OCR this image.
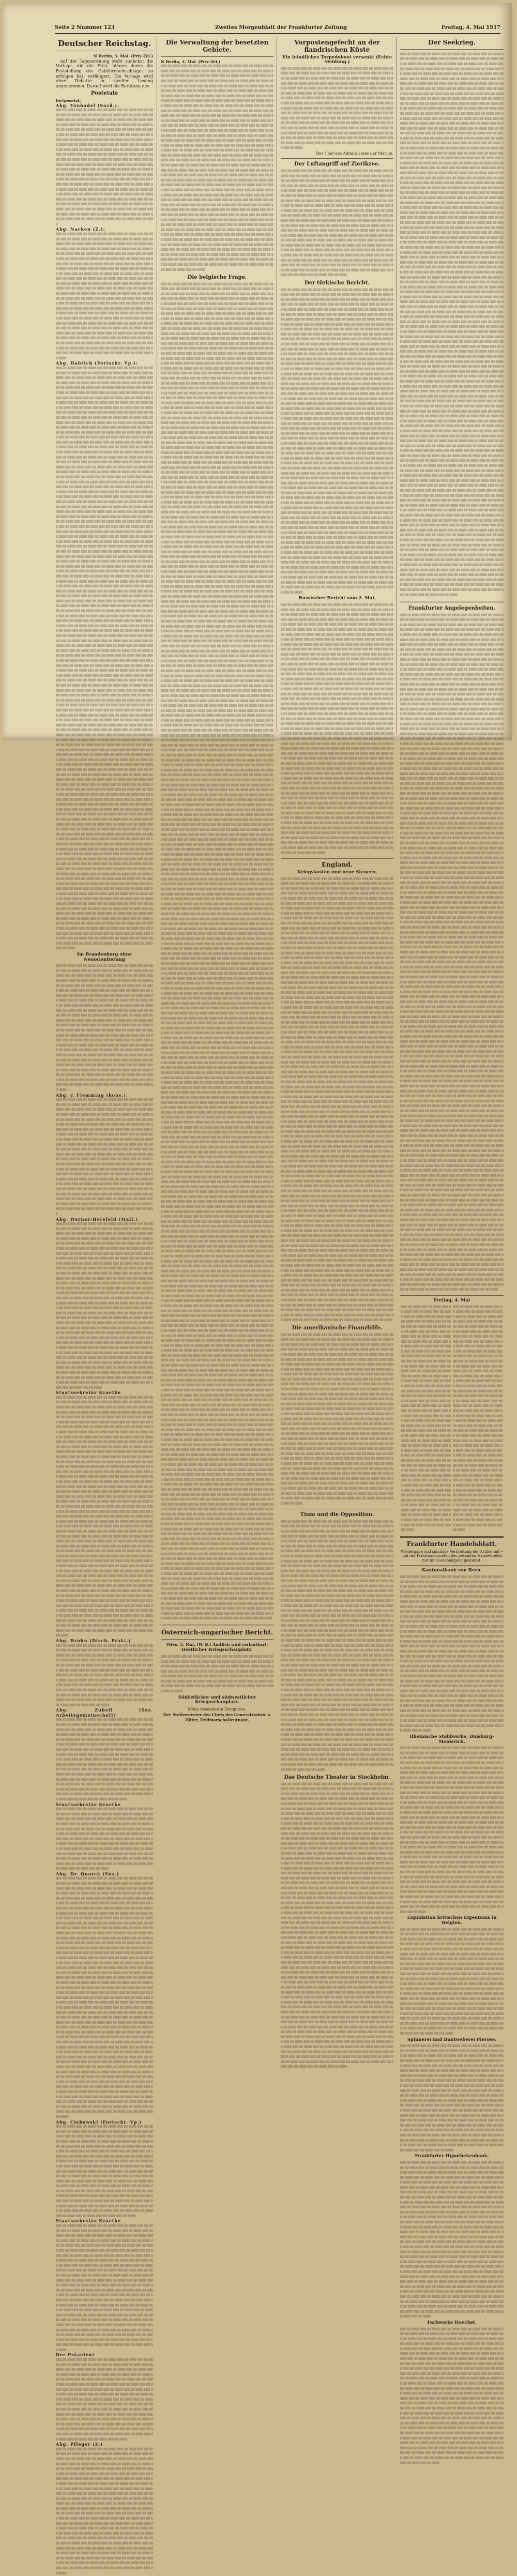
Seite 2 Nummer 123	Zweites Morgenblatt der Frankfurter Zeitung	Freitag, 4. Mai 1917
Deutscher Reichstag.
N Berlin, 3. Mai. (Priv.-Tel.)

Auf der Tagesordnung steht zunächst die Vorlage, die die Frist, binnen deren die Feststellung des Gebühreneinschlages zu erfolgen hat, verlängert. Die Vorlage wird ohne Debatte in zweiter Lesung angenommen. Darauf wird die Beratung des

Postetats
fortgesetzt.
Abg. Taubadel (Sozd.):
███ ██ ████ ███ ██ ████ ███ ██ ████ ███ ██ ████ ███ ██ ████ ███ ██ ████ ███ ██ ████ ███ ██ ████ ███ ██ ████ ███ ██ ████ ███ ██ ████ ███ ██ ████ ███ ██ ████ ███ ██ ████ ███ ██ ████ ███ ██ ████ ███ ██ ████ ███ ██ ████ ███ ██ ████ ███ ██ ████ ███ ██ ████ ███ ██ ████ ███ ██ ████ ███ ██ ████ ███ ██ ████ ███ ██ ████ ███ ██ ████ ███ ██ ████ ███ ██ ████ ███ ██ ████ ███ ██ ████ ███ ██ ████ ███ ██ ████ ███ ██ ████ ███ ██ ████ ███ ██ ████ ███ ██ ████ ███ ██ ████ ███ ██ ████ ███ ██ ████ ███ ██ ████ ███ ██ ████ ███ ██ ████ ███ ██ ████ ███ ██ ████ ███ ██ ████ ███ ██ ████ ███ ██ ████ ███ ██ ████ ███ ██ ████ ███ ██ ████ ███ ██ ████ ███ ██ ████ ███ ██ ████ ███ ██ ████ ███ ██ ████ ███ ██ ████ ███ ██ ████ ███ ██ ████ ███ ██ ████ ███ ██ ████ ███ ██ ████ ███ ██ ████ ███ ██ ████ ███ ██ ████ ███ ██ ████ ███ ██ ████ ███ ██ ████ ███ ██ ████ ███ ██ ████ ███ ██ ████ ███ ██ ████ ███ ██ ████ ███ ██ ████ ███ ██ ████ ███ ██ ████ ███ ██ ████ ███ ██ ████ ███ ██ ████ ███ ██ ████ ███ ██ ████ ███ ██ ████ ███ ██ ████ ███ ██ ████ ███ ██ ████ ███ ██ ████ ███ ██ ████ ███ ██ ████ ███ ██ ████ ███ ██ ████ ███ ██ ████ ███ ██ ████ ███ ██ ████ ███ ██ ████ ███ ██ ████ ███ ██ ████ ███ ██ ████ ███ ██ ████ ███ ██ ████ ███ ██ ████ ███ ██ ████ ███ ██ ████ ███ ██ ████ ███ ██ ████ ███ ██ ████ ███ ██ ████ ███ ██ ████ ███ ██ ████ ███ ██ ████ ███ ██ ████
Abg. Nacken (Z.):
███ ██ ████ ███ ██ ████ ███ ██ ████ ███ ██ ████ ███ ██ ████ ███ ██ ████ ███ ██ ████ ███ ██ ████ ███ ██ ████ ███ ██ ████ ███ ██ ████ ███ ██ ████ ███ ██ ████ ███ ██ ████ ███ ██ ████ ███ ██ ████ ███ ██ ████ ███ ██ ████ ███ ██ ████ ███ ██ ████ ███ ██ ████ ███ ██ ████ ███ ██ ████ ███ ██ ████ ███ ██ ████ ███ ██ ████ ███ ██ ████ ███ ██ ████ ███ ██ ████ ███ ██ ████ ███ ██ ████ ███ ██ ████ ███ ██ ████ ███ ██ ████ ███ ██ ████ ███ ██ ████ ███ ██ ████ ███ ██ ████ ███ ██ ████ ███ ██ ████ ███ ██ ████ ███ ██ ████ ███ ██ ████ ███ ██ ████ ███ ██ ████ ███ ██ ████ ███ ██ ████ ███ ██ ████ ███ ██ ████ ███ ██ ████ ███ ██ ████ ███ ██ ████ ███ ██ ████ ███ ██ ████ ███ ██ ████ ███ ██ ████ ███ ██ ████ ███ ██ ████ ███ ██ ████ ███ ██ ████ ███ ██ ████ ███ ██ ████ ███ ██ ████ ███ ██ ████ ███ ██ ████ ███ ██ ████ ███ ██ ████ ███ ██ ████ ███ ██ ████ ███ ██ ████ ███ ██ ████ ███ ██ ████ ███ ██ ████ ███ ██ ████ ███ ██ ████ ███ ██ ████ ███ ██ ████ ███ ██ ████ ███ ██ ████ ███ ██ ████ ███ ██ ████ ███ ██ ████ ███ ██ ████ ███ ██ ████ ███ ██ ████ ███ ██ ████ ███ ██ ████ ███ ██ ████ ███ ██ ████ ███ ██ ████ ███ ██ ████ ███ ██ ████ ███ ██ ████ ███ ██ ████ ███ ██ ████ ███ ██ ████ ███ ██ ████ ███ ██ ████ ███ ██ ████ ███ ██ ████ ███ ██ ████ ███ ██ ████ ███ ██ ████ ███ ██ ████ ███ ██ ████ ███ ██ ████ ███ ██ ████ ███ ██ ████ ███ ██ ████ ███ ██ ████ ███ ██ ████ ███ ██ ████ ███ ██ ████ ███ ██ ████ ███ ██ ████ ███ ██ ████ ███ ██ ████ ███ ██ ████ ███ ██ ████ ███ ██ ████
Abg. Habrich (Fortschr. Vp.):
███ ██ ████ ███ ██ ████ ███ ██ ████ ███ ██ ████ ███ ██ ████ ███ ██ ████ ███ ██ ████ ███ ██ ████ ███ ██ ████ ███ ██ ████ ███ ██ ████ ███ ██ ████ ███ ██ ████ ███ ██ ████ ███ ██ ████ ███ ██ ████ ███ ██ ████ ███ ██ ████ ███ ██ ████ ███ ██ ████ ███ ██ ████ ███ ██ ████ ███ ██ ████ ███ ██ ████ ███ ██ ████ ███ ██ ████ ███ ██ ████ ███ ██ ████ ███ ██ ████ ███ ██ ████ ███ ██ ████ ███ ██ ████ ███ ██ ████ ███ ██ ████ ███ ██ ████ ███ ██ ████ ███ ██ ████ ███ ██ ████ ███ ██ ████ ███ ██ ████ ███ ██ ████ ███ ██ ████ ███ ██ ████ ███ ██ ████ ███ ██ ████ ███ ██ ████ ███ ██ ████ ███ ██ ████ ███ ██ ████ ███ ██ ████ ███ ██ ████ ███ ██ ████ ███ ██ ████ ███ ██ ████ ███ ██ ████ ███ ██ ████ ███ ██ ████ ███ ██ ████ ███ ██ ████ ███ ██ ████ ███ ██ ████ ███ ██ ████ ███ ██ ████ ███ ██ ████ ███ ██ ████ ███ ██ ████ ███ ██ ████ ███ ██ ████ ███ ██ ████ ███ ██ ████ ███ ██ ████ ███ ██ ████ ███ ██ ████ ███ ██ ████ ███ ██ ████ ███ ██ ████ ███ ██ ████ ███ ██ ████ ███ ██ ████ ███ ██ ████ ███ ██ ████ ███ ██ ████ ███ ██ ████ ███ ██ ████ ███ ██ ████ ███ ██ ████ ███ ██ ████ ███ ██ ████ ███ ██ ████ ███ ██ ████ ███ ██ ████ ███ ██ ████ ███ ██ ████ ███ ██ ████ ███ ██ ████ ███ ██ ████ ███ ██ ████ ███ ██ ████ ███ ██ ████ ███ ██ ████ ███ ██ ████ ███ ██ ████ ███ ██ ████ ███ ██ ████ ███ ██ ████ ███ ██ ████ ███ ██ ████ ███ ██ ████ ███ ██ ████ ███ ██ ████ ███ ██ ████ ███ ██ ████ ███ ██ ████ ███ ██ ████ ███ ██ ████ ███ ██ ████ ███ ██ ████ ███ ██ ████ ███ ██ ████ ███ ██ ████ ███ ██ ████ ███ ██ ████ ███ ██ ████ ███ ██ ████ ███ ██ ████ ███ ██ ████ ███ ██ ████ ███ ██ ████ ███ ██ ████ ███ ██ ████ ███ ██ ████ ███ ██ ████ ███ ██ ████ ███ ██ ████ ███ ██ ████ ███ ██ ████ ███ ██ ████ ███ ██ ████ ███ ██ ████ ███ ██ ████ ███ ██ ████ ███ ██ ████ ███ ██ ████ ███ ██ ████ ███ ██ ████ ███ ██ ████ ███ ██ ████ ███ ██ ████ ███ ██ ████ ███ ██ ████ ███ ██ ████ ███ ██ ████ ███ ██ ████ ███ ██ ████ ███ ██ ████ ███ ██ ████ ███ ██ ████ ███ ██ ████ ███ ██ ████ ███ ██ ████ ███ ██ ████ ███ ██ ████ ███ ██ ████ ███ ██ ████ ███ ██ ████ ███ ██ ████ ███ ██ ████ ███ ██ ████ ███ ██ ████ ███ ██ ████ ███ ██ ████ ███ ██ ████ ███ ██ ████ ███ ██ ████ ███ ██ ████ ███ ██ ████ ███ ██ ████ ███ ██ ████ ███ ██ ████ ███ ██ ████ ███ ██ ████ ███ ██ ████ ███ ██ ████ ███ ██ ████ ███ ██ ████ ███ ██ ████ ███ ██ ████ ███ ██ ████ ███ ██ ████ ███ ██ ████ ███ ██ ████ ███ ██ ████ ███ ██ ████ ███ ██ ████ ███ ██ ████ ███ ██ ████ ███ ██ ████ ███ ██ ████ ███ ██ ████ ███ ██ ████ ███ ██ ████ ███ ██ ████ ███ ██ ████ ███ ██ ████ ███ ██ ████ ███ ██ ████ ███ ██ ████ ███ ██ ████ ███ ██ ████ ███ ██ ████ ███ ██ ████ ███ ██ ████ ███ ██ ████ ███ ██ ████ ███ ██ ████ ███ ██ ████ ███ ██ ████ ███ ██ ████ ███ ██ ████ ███ ██ ████ ███ ██ ████ ███ ██ ████ ███ ██ ████ ███ ██ ████ ███ ██ ████ ███ ██ ████ ███ ██ ████ ███ ██ ████ ███ ██ ████ ███ ██ ████ ███ ██ ████ ███ ██ ████ ███ ██ ████ ███ ██ ████ ███ ██ ████ ███ ██ ████ ███ ██ ████ ███ ██ ████ ███ ██ ████ ███ ██ ████ ███ ██ ████ ███ ██ ████ ███ ██ ████ ███ ██ ████ ███ ██ ████ ███ ██ ████ ███ ██ ████ ███ ██ ████ ███ ██ ████ ███ ██ ████ ███ ██ ████ ███ ██ ████ ███ ██ ████ ███ ██ ████ ███ ██ ████ ███ ██ ████ ███ ██ ████ ███ ██ ████ ███ ██ ████ ███ ██ ████ ███ ██ ████ ███ ██ ████ ███ ██ ████ ███ ██ ████ ███ ██ ████ ███ ██ ████ ███ ██ ████ ███ ██ ████ ███ ██ ████ ███ ██ ████ ███ ██ ████ ███ ██ ████ ███ ██ ████ ███ ██ ████ ███ ██ ████ ███ ██ ████ ███ ██ ████ ███ ██ ████ ███ ██ ████ ███ ██ ████ ███ ██ ████ ███ ██ ████ ███ ██ ████ ███ ██ ████ ███ ██ ████ ███ ██ ████ ███ ██ ████ ███ ██ ████ ███ ██ ████ ███ ██ ████ ███ ██ ████ ███ ██ ████ ███ ██ ████ ███ ██ ████ ███ ██ ████ ███ ██ ████ ███ ██ ████ ███ ██ ████ ███ ██ ████ ███ ██ ████ ███ ██ ████ ███ ██ ████ ███ ██ ████ ███ ██ ████ ███ ██ ████ ███ ██ ████ ███ ██ ████ ███ ██ ████ ███ ██ ████ ███ ██ ████ ███ ██ ████ ███ ██ ████ ███ ██ ████ ███ ██ ████ ███ ██ ████ ███ ██ ████ ███ ██ ████ ███ ██ ████ ███ ██ ████ ███ ██ ████ ███ ██ ████ ███ ██ ████ ███ ██ ████ ███ ██ ████ ███ ██ ████ ███ ██ ████ ███ ██ ████ ███ ██ ████ ███ ██ ████ ███ ██ ████ ███ ██ ████ ███ ██ ████ ███ ██ ████ ███ ██ ████ ███ ██ ████ ███ ██ ████ ███ ██ ████ ███ ██ ████ ███ ██ ████ ███ ██ ████ ███ ██ ████ ███ ██ ████ ███ ██ ████ ███ ██ ████ ███ ██ ████ ███ ██ ████ ███ ██ ████ ███ ██ ████ ███ ██ ████ ███ ██ ████ ███ ██ ████ ███ ██ ████ ███ ██ ████ ███ ██ ████ ███ ██ ████ ███ ██ ████ ███ ██ ████ ███ ██ ████ ███ ██ ████ ███ ██ ████ ███ ██ ████ ███ ██ ████ ███ ██ ████ ███ ██ ████ ███ ██ ████ ███ ██ ████ ███ ██ ████ ███ ██ ████ ███ ██ ████ ███ ██ ████ ███ ██ ████ ███ ██ ████ ███ ██ ████ ███ ██ ████ ███ ██ ████ ███ ██ ████ ███ ██ ████ ███ ██ ████ ███ ██ ████ ███ ██ ████ ███ ██ ████ ███ ██ ████ ███ ██ ████ ███ ██ ████ ███ ██ ████ ███ ██ ████ ███ ██ ████ ███ ██ ████ ███ ██ ████ ███ ██ ████ ███ ██ ████ ███ ██ ████ ███ ██ ████ ███ ██ ████ ███ ██ ████ ███ ██ ████ ███ ██ ████ ███ ██ ████ ███ ██ ████ ███ ██ ████ ███ ██ ████ ███ ██ ████ ███ ██ ████ ███ ██ ████ ███ ██ ████ ███ ██ ████ ███ ██ ████ ███ ██ ████ ███ ██ ████ ███ ██ ████ ███ ██ ████ ███ ██ ████ ███ ██ ████ ███ ██ ████ ███ ██ ████ ███ ██ ████ ███ ██ ████ ███ ██ ████ ███ ██ ████ ███ ██ ████ ███ ██ ████ ███ ██ ████ ███ ██ ████ ███ ██ ████ ███ ██ ████ ███ ██ ████ ███ ██ ████ ███ ██ ████ ███ ██ ████ ███ ██ ████ ███ ██ ████ ███ ██ ████ ███ ██ ████ ███ ██ ████ ███ ██ ████ ███ ██ ████ ███ ██ ████ ███ ██ ████ ███ ██ ████ ███ ██ ████ ███ ██ ████ ███ ██ ████ ███ ██ ████ ███ ██ ████ ███ ██ ████ ███ ██ ████ ███ ██ ████ ███ ██ ████ ███ ██ ████ ███ ██ ████ ███ ██ ████ ███ ██ ████ ███ ██ ████ ███ ██ ████ ███ ██ ████ ███ ██ ████ ███ ██ ████ ███ ██ ████ ███ ██ ████ ███ ██ ████ ███ ██ ████ ███ ██ ████ ███ ██ ████ ███ ██ ████ ███ ██ ████ ███ ██ ████ ███ ██ ████ ███ ██ ████ ███ ██ ████ ███ ██ ████ ███ ██ ████ ███ ██ ████ ███ ██ ████ ███ ██ ████ ███ ██ ████ ███ ██ ████ ███ ██ ████ ███ ██ ████ ███ ██ ████ ███ ██ ████ ███ ██ ████ ███ ██ ████ ███ ██ ████ ███ ██ ████ ███ ██ ████ ███ ██ ████ ███ ██ ████ ███ ██ ████ ███ ██ ████ ███ ██ ████ ███ ██ ████ ███ ██ ████ ███ ██ ████ ███ ██ ████ ███ ██ ████ ███ ██ ████ ███ ██ ████ ███ ██ ████ ███ ██ ████ ███ ██ ████ ███ ██ ████ ███ ██ ████ ███ ██ ████ ███ ██ ████ ███ ██ ████ ███ ██ ████ ███ ██ ████ ███ ██ ████ ███ ██ ████ ███ ██ ████ ███ ██ ████ ███ ██ ████ ███ ██ ████ ███ ██ ████ ███ ██ ████ ███ ██ ████ ███ ██ ████ ███ ██ ████ ███ ██ ████ ███ ██ ████ ███ ██ ████ ███ ██ ████ ███ ██ ████ ███ ██ ████ ███ ██ ████ ███ ██ ████ ███ ██ ████ ███ ██ ████ ███ ██ ████ ███ ██ ████ ███ ██ ████ ███ ██ ████ ███ ██ ████ ███ ██ ████ ███ ██ ████ ███ ██ ████ ███ ██ ████ ███ ██ ████ ███ ██ ████ ███ ██ ████ ███ ██ ████ ███ ██ ████ ███ ██ ████ ███ ██ ████ ███ ██ ████ ███ ██ ████ ███ ██ ████ ███ ██ ████ ███ ██ ████ ███ ██ ████ ███ ██ ████ ███ ██ ████ ███ ██ ████ ███ ██ ████ ███ ██ ████ ███ ██ ████ ███ ██ ████ ███ ██ ████ ███ ██ ████ ███ ██ ████
Im Brandenburg ohne Neuorientierung
███ ██ ████ ███ ██ ████ ███ ██ ████ ███ ██ ████ ███ ██ ████ ███ ██ ████ ███ ██ ████ ███ ██ ████ ███ ██ ████ ███ ██ ████ ███ ██ ████ ███ ██ ████ ███ ██ ████ ███ ██ ████ ███ ██ ████ ███ ██ ████ ███ ██ ████ ███ ██ ████ ███ ██ ████ ███ ██ ████ ███ ██ ████ ███ ██ ████ ███ ██ ████ ███ ██ ████ ███ ██ ████ ███ ██ ████ ███ ██ ████ ███ ██ ████ ███ ██ ████ ███ ██ ████ ███ ██ ████ ███ ██ ████ ███ ██ ████ ███ ██ ████ ███ ██ ████ ███ ██ ████ ███ ██ ████ ███ ██ ████ ███ ██ ████ ███ ██ ████ ███ ██ ████ ███ ██ ████ ███ ██ ████ ███ ██ ████ ███ ██ ████ ███ ██ ████ ███ ██ ████ ███ ██ ████ ███ ██ ████ ███ ██ ████ ███ ██ ████ ███ ██ ████ ███ ██ ████ ███ ██ ████ ███ ██ ████ ███ ██ ████ ███ ██ ████ ███ ██ ████ ███ ██ ████ ███ ██ ████ ███ ██ ████ ███ ██ ████ ███ ██ ████ ███ ██ ████ ███ ██ ████ ███ ██ ████ ███ ██ ████ ███ ██ ████ ███ ██ ████ ███ ██ ████ ███ ██ ████ ███ ██ ████ ███ ██ ████ ███ ██ ████ ███ ██ ████ ███ ██ ████ ███ ██ ████ ███ ██ ████ ███ ██ ████ ███ ██ ████ ███ ██ ████ ███ ██ ████ ███ ██ ████ ███ ██ ████ ███ ██ ████ ███ ██ ████ ███ ██ ████ ███ ██ ████ ███ ██ ████ ███ ██ ████ ███ ██ ████ ███ ██ ████ ███ ██ ████ ███ ██ ████ ███ ██ ████ ███ ██ ████ ███ ██ ████ ███ ██ ████ ███ ██ ████ ███ ██ ████ ███ ██ ████ ███ ██ ████ ███ ██ ████ ███ ██ ████ ███ ██ ████ ███ ██ ████ ███ ██ ████ ███ ██ ████ ███ ██ ████ ███ ██ ████ ███ ██ ████ ███ ██ ████ ███ ██ ████ ███ ██ ████ ███ ██ ████ ███ ██ ████ ███ ██ ████ ███ ██ ████ ███ ██ ████ ███ ██ ████
Abg. v. Flemming (kons.):
███ ██ ████ ███ ██ ████ ███ ██ ████ ███ ██ ████ ███ ██ ████ ███ ██ ████ ███ ██ ████ ███ ██ ████ ███ ██ ████ ███ ██ ████ ███ ██ ████ ███ ██ ████ ███ ██ ████ ███ ██ ████ ███ ██ ████ ███ ██ ████ ███ ██ ████ ███ ██ ████ ███ ██ ████ ███ ██ ████ ███ ██ ████ ███ ██ ████ ███ ██ ████ ███ ██ ████ ███ ██ ████ ███ ██ ████ ███ ██ ████ ███ ██ ████ ███ ██ ████ ███ ██ ████ ███ ██ ████ ███ ██ ████ ███ ██ ████ ███ ██ ████ ███ ██ ████ ███ ██ ████ ███ ██ ████ ███ ██ ████ ███ ██ ████ ███ ██ ████ ███ ██ ████ ███ ██ ████ ███ ██ ████ ███ ██ ████ ███ ██ ████ ███ ██ ████ ███ ██ ████ ███ ██ ████ ███ ██ ████ ███ ██ ████ ███ ██ ████ ███ ██ ████ ███ ██ ████ ███ ██ ████ ███ ██ ████ ███ ██ ████ ███ ██ ████ ███ ██ ████ ███ ██ ████ ███ ██ ████ ███ ██ ████ ███ ██ ████ ███ ██ ████ ███ ██ ████ ███ ██ ████ ███ ██ ████ ███ ██ ████ ███ ██ ████ ███ ██ ████ ███ ██ ████ ███ ██ ████ ███ ██ ████ ███ ██ ████ ███ ██ ████ ███ ██ ████ ███ ██ ████ ███ ██ ████ ███ ██ ████ ███ ██ ████ ███ ██ ████ ███ ██ ████ ███ ██ ████ ███ ██ ████ ███ ██ ████ ███ ██ ████ ███ ██ ████ ███ ██ ████ ███ ██ ████ ███ ██ ████ ███ ██ ████ ███ ██ ████ ███ ██ ████ ███ ██ ████ ███ ██ ████ ███ ██ ████ ███ ██ ████ ███ ██ ████ ███ ██ ████ ███ ██ ████ ███ ██ ████ ███ ██ ████ ███ ██ ████ ███ ██ ████ ███ ██ ████ ███ ██ ████ ███ ██ ████ ███ ██ ████ ███ ██ ████ ███ ██ ████ ███ ██ ████
Abg. Werner-Hersfeld (Mall.)
███ ██ ████ ███ ██ ████ ███ ██ ████ ███ ██ ████ ███ ██ ████ ███ ██ ████ ███ ██ ████ ███ ██ ████ ███ ██ ████ ███ ██ ████ ███ ██ ████ ███ ██ ████ ███ ██ ████ ███ ██ ████ ███ ██ ████ ███ ██ ████ ███ ██ ████ ███ ██ ████ ███ ██ ████ ███ ██ ████ ███ ██ ████ ███ ██ ████ ███ ██ ████ ███ ██ ████ ███ ██ ████ ███ ██ ████ ███ ██ ████ ███ ██ ████ ███ ██ ████ ███ ██ ████ ███ ██ ████ ███ ██ ████ ███ ██ ████ ███ ██ ████ ███ ██ ████ ███ ██ ████ ███ ██ ████ ███ ██ ████ ███ ██ ████ ███ ██ ████ ███ ██ ████ ███ ██ ████ ███ ██ ████ ███ ██ ████ ███ ██ ████ ███ ██ ████ ███ ██ ████ ███ ██ ████ ███ ██ ████ ███ ██ ████ ███ ██ ████ ███ ██ ████ ███ ██ ████ ███ ██ ████ ███ ██ ████ ███ ██ ████ ███ ██ ████ ███ ██ ████ ███ ██ ████ ███ ██ ████ ███ ██ ████ ███ ██ ████ ███ ██ ████ ███ ██ ████ ███ ██ ████ ███ ██ ████ ███ ██ ████ ███ ██ ████ ███ ██ ████ ███ ██ ████ ███ ██ ████ ███ ██ ████ ███ ██ ████ ███ ██ ████ ███ ██ ████ ███ ██ ████ ███ ██ ████ ███ ██ ████ ███ ██ ████ ███ ██ ████ ███ ██ ████ ███ ██ ████ ███ ██ ████ ███ ██ ████ ███ ██ ████ ███ ██ ████ ███ ██ ████ ███ ██ ████ ███ ██ ████ ███ ██ ████ ███ ██ ████ ███ ██ ████ ███ ██ ████ ███ ██ ████ ███ ██ ████ ███ ██ ████ ███ ██ ████ ███ ██ ████ ███ ██ ████ ███ ██ ████ ███ ██ ████ ███ ██ ████ ███ ██ ████ ███ ██ ████ ███ ██ ████ ███ ██ ████ ███ ██ ████ ███ ██ ████ ███ ██ ████ ███ ██ ████ ███ ██ ████ ███ ██ ████ ███ ██ ████ ███ ██ ████ ███ ██ ████ ███ ██ ████ ███ ██ ████ ███ ██ ████ ███ ██ ████ ███ ██ ████ ███ ██ ████ ███ ██ ████ ███ ██ ████ ███ ██ ████ ███ ██ ████ ███ ██ ████ ███ ██ ████ ███ ██ ████ ███ ██ ████ ███ ██ ████ ███ ██ ████ ███ ██ ████ ███ ██ ████ ███ ██ ████ ███ ██ ████ ███ ██ ████ ███ ██ ████ ███ ██ ████ ███ ██ ████ ███ ██ ████ ███ ██ ████ ███ ██ ████ ███ ██ ████ ███ ██ ████ ███ ██ ████ ███ ██ ████ ███ ██ ████ ███ ██ ████ ███ ██ ████ ███ ██ ████ ███ ██ ████ ███ ██ ████ ███ ██ ████ ███ ██ ████ ███ ██ ████ ███ ██ ████ ███ ██ ████ ███ ██ ████ ███ ██ ████ ███ ██ ████
Staatssekretär Kraetke
███ ██ ████ ███ ██ ████ ███ ██ ████ ███ ██ ████ ███ ██ ████ ███ ██ ████ ███ ██ ████ ███ ██ ████ ███ ██ ████ ███ ██ ████ ███ ██ ████ ███ ██ ████ ███ ██ ████ ███ ██ ████ ███ ██ ████ ███ ██ ████ ███ ██ ████ ███ ██ ████ ███ ██ ████ ███ ██ ████ ███ ██ ████ ███ ██ ████ ███ ██ ████ ███ ██ ████ ███ ██ ████ ███ ██ ████ ███ ██ ████ ███ ██ ████ ███ ██ ████ ███ ██ ████ ███ ██ ████ ███ ██ ████ ███ ██ ████ ███ ██ ████ ███ ██ ████ ███ ██ ████ ███ ██ ████ ███ ██ ████ ███ ██ ████ ███ ██ ████ ███ ██ ████ ███ ██ ████ ███ ██ ████ ███ ██ ████ ███ ██ ████ ███ ██ ████ ███ ██ ████ ███ ██ ████ ███ ██ ████ ███ ██ ████ ███ ██ ████ ███ ██ ████ ███ ██ ████ ███ ██ ████ ███ ██ ████ ███ ██ ████ ███ ██ ████ ███ ██ ████ ███ ██ ████ ███ ██ ████ ███ ██ ████ ███ ██ ████ ███ ██ ████ ███ ██ ████ ███ ██ ████ ███ ██ ████ ███ ██ ████ ███ ██ ████ ███ ██ ████ ███ ██ ████ ███ ██ ████ ███ ██ ████ ███ ██ ████ ███ ██ ████ ███ ██ ████ ███ ██ ████ ███ ██ ████ ███ ██ ████ ███ ██ ████ ███ ██ ████ ███ ██ ████ ███ ██ ████ ███ ██ ████ ███ ██ ████ ███ ██ ████ ███ ██ ████ ███ ██ ████ ███ ██ ████ ███ ██ ████ ███ ██ ████ ███ ██ ████ ███ ██ ████ ███ ██ ████ ███ ██ ████ ███ ██ ████ ███ ██ ████ ███ ██ ████ ███ ██ ████ ███ ██ ████ ███ ██ ████ ███ ██ ████ ███ ██ ████ ███ ██ ████ ███ ██ ████ ███ ██ ████ ███ ██ ████ ███ ██ ████ ███ ██ ████ ███ ██ ████ ███ ██ ████ ███ ██ ████ ███ ██ ████ ███ ██ ████ ███ ██ ████ ███ ██ ████ ███ ██ ████ ███ ██ ████ ███ ██ ████ ███ ██ ████ ███ ██ ████ ███ ██ ████ ███ ██ ████ ███ ██ ████ ███ ██ ████ ███ ██ ████ ███ ██ ████ ███ ██ ████ ███ ██ ████ ███ ██ ████ ███ ██ ████ ███ ██ ████ ███ ██ ████ ███ ██ ████ ███ ██ ████ ███ ██ ████ ███ ██ ████ ███ ██ ████ ███ ██ ████ ███ ██ ████ ███ ██ ████ ███ ██ ████ ███ ██ ████ ███ ██ ████ ███ ██ ████ ███ ██ ████ ███ ██ ████ ███ ██ ████ ███ ██ ████ ███ ██ ████ ███ ██ ████ ███ ██ ████ ███ ██ ████ ███ ██ ████ ███ ██ ████ ███ ██ ████ ███ ██ ████ ███ ██ ████ ███ ██ ████ ███ ██ ████ ███ ██ ████ ███ ██ ████ ███ ██ ████ ███ ██ ████ ███ ██ ████ ███ ██ ████ ███ ██ ████ ███ ██ ████ ███ ██ ████ ███ ██ ████ ███ ██ ████ ███ ██ ████ ███ ██ ████ ███ ██ ████ ███ ██ ████ ███ ██ ████ ███ ██ ████ ███ ██ ████ ███ ██ ████ ███ ██ ████ ███ ██ ████ ███ ██ ████ ███ ██ ████ ███ ██ ████ ███ ██ ████ ███ ██ ████ ███ ██ ████ ███ ██ ████ ███ ██ ████ ███ ██ ████ ███ ██ ████ ███ ██ ████ ███ ██ ████ ███ ██ ████ ███ ██ ████ ███ ██ ████ ███ ██ ████ ███ ██ ████ ███ ██ ████ ███ ██ ████ ███ ██ ████ ███ ██ ████ ███ ██ ████ ███ ██ ████ ███ ██ ████ ███ ██ ████ ███ ██ ████ ███ ██ ████ ███ ██ ████ ███ ██ ████ ███ ██ ████ ███ ██ ████ ███ ██ ████ ███ ██ ████ ███ ██ ████ ███ ██ ████ ███ ██ ████ ███ ██ ████ ███ ██ ████ ███ ██ ████ ███ ██ ████ ███ ██ ████ ███ ██ ████ ███ ██ ████ ███ ██ ████ ███ ██ ████ ███ ██ ████ ███ ██ ████ ███ ██ ████ ███ ██ ████ ███ ██ ████
Abg. Bruhn (Disch. Frakt.)
███ ██ ████ ███ ██ ████ ███ ██ ████ ███ ██ ████ ███ ██ ████ ███ ██ ████ ███ ██ ████ ███ ██ ████ ███ ██ ████ ███ ██ ████ ███ ██ ████ ███ ██ ████ ███ ██ ████ ███ ██ ████ ███ ██ ████ ███ ██ ████ ███ ██ ████ ███ ██ ████ ███ ██ ████ ███ ██ ████ ███ ██ ████ ███ ██ ████ ███ ██ ████ ███ ██ ████ ███ ██ ████ ███ ██ ████ ███ ██ ████ ███ ██ ████ ███ ██ ████ ███ ██ ████ ███ ██ ████ ███ ██ ████ ███ ██ ████ ███ ██ ████ ███ ██ ████ ███ ██ ████ ███ ██ ████ ███ ██ ████ ███ ██ ████ ███ ██ ████ ███ ██ ████ ███ ██ ████ ███ ██ ████ ███ ██ ████ ███ ██ ████ ███ ██ ████ ███ ██ ████ ███ ██ ████ ███ ██ ████ ███ ██ ████ ███ ██ ████ ███ ██ ████ ███ ██ ████ ███ ██ ████ ███ ██ ████ ███ ██ ████ ███ ██ ████ ███ ██ ████ ███ ██ ████ ███ ██ ████
Abg. Zubeil (Soz. Arbeitsgemeinschaft)
███ ██ ████ ███ ██ ████ ███ ██ ████ ███ ██ ████ ███ ██ ████ ███ ██ ████ ███ ██ ████ ███ ██ ████ ███ ██ ████ ███ ██ ████ ███ ██ ████ ███ ██ ████ ███ ██ ████ ███ ██ ████ ███ ██ ████ ███ ██ ████ ███ ██ ████ ███ ██ ████ ███ ██ ████ ███ ██ ████ ███ ██ ████ ███ ██ ████ ███ ██ ████ ███ ██ ████ ███ ██ ████ ███ ██ ████ ███ ██ ████ ███ ██ ████ ███ ██ ████ ███ ██ ████ ███ ██ ████ ███ ██ ████ ███ ██ ████ ███ ██ ████ ███ ██ ████ ███ ██ ████ ███ ██ ████ ███ ██ ████ ███ ██ ████ ███ ██ ████ ███ ██ ████ ███ ██ ████ ███ ██ ████ ███ ██ ████ ███ ██ ████ ███ ██ ████ ███ ██ ████ ███ ██ ████ ███ ██ ████ ███ ██ ████ ███ ██ ████ ███ ██ ████ ███ ██ ████ ███ ██ ████ ███ ██ ████ ███ ██ ████ ███ ██ ████ ███ ██ ████ ███ ██ ████ ███ ██ ████ ███ ██ ████ ███ ██ ████ ███ ██ ████ ███ ██ ████ ███ ██ ████ ███ ██ ████ ███ ██ ████ ███ ██ ████ ███ ██ ████ ███ ██ ████ ███ ██ ████ ███ ██ ████ ███ ██ ████ ███ ██ ████ ███ ██ ████ ███ ██ ████ ███ ██ ████ ███ ██ ████ ███ ██ ████ ███ ██ ████
Staatssekretär Kraetke
███ ██ ████ ███ ██ ████ ███ ██ ████ ███ ██ ████ ███ ██ ████ ███ ██ ████ ███ ██ ████ ███ ██ ████ ███ ██ ████ ███ ██ ████ ███ ██ ████ ███ ██ ████ ███ ██ ████ ███ ██ ████ ███ ██ ████ ███ ██ ████ ███ ██ ████ ███ ██ ████ ███ ██ ████ ███ ██ ████ ███ ██ ████ ███ ██ ████ ███ ██ ████ ███ ██ ████ ███ ██ ████ ███ ██ ████ ███ ██ ████ ███ ██ ████ ███ ██ ████ ███ ██ ████ ███ ██ ████ ███ ██ ████ ███ ██ ████ ███ ██ ████ ███ ██ ████ ███ ██ ████ ███ ██ ████ ███ ██ ████ ███ ██ ████ ███ ██ ████ ███ ██ ████ ███ ██ ████ ███ ██ ████ ███ ██ ████ ███ ██ ████ ███ ██ ████ ███ ██ ████ ███ ██ ████ ███ ██ ████ ███ ██ ████ ███ ██ ████ ███ ██ ████ ███ ██ ████ ███ ██ ████ ███ ██ ████ ███ ██ ████ ███ ██ ████ ███ ██ ████ ███ ██ ████ ███ ██ ████
Abg. Dr. Quarck (Soz.)
███ ██ ████ ███ ██ ████ ███ ██ ████ ███ ██ ████ ███ ██ ████ ███ ██ ████ ███ ██ ████ ███ ██ ████ ███ ██ ████ ███ ██ ████ ███ ██ ████ ███ ██ ████ ███ ██ ████ ███ ██ ████ ███ ██ ████ ███ ██ ████ ███ ██ ████ ███ ██ ████ ███ ██ ████ ███ ██ ████ ███ ██ ████ ███ ██ ████ ███ ██ ████ ███ ██ ████ ███ ██ ████ ███ ██ ████ ███ ██ ████ ███ ██ ████ ███ ██ ████ ███ ██ ████ ███ ██ ████ ███ ██ ████ ███ ██ ████ ███ ██ ████ ███ ██ ████ ███ ██ ████ ███ ██ ████ ███ ██ ████ ███ ██ ████ ███ ██ ████ ███ ██ ████ ███ ██ ████ ███ ██ ████ ███ ██ ████ ███ ██ ████ ███ ██ ████ ███ ██ ████ ███ ██ ████ ███ ██ ████ ███ ██ ████ ███ ██ ████ ███ ██ ████ ███ ██ ████ ███ ██ ████ ███ ██ ████ ███ ██ ████ ███ ██ ████ ███ ██ ████ ███ ██ ████ ███ ██ ████ ███ ██ ████ ███ ██ ████ ███ ██ ████ ███ ██ ████ ███ ██ ████ ███ ██ ████ ███ ██ ████ ███ ██ ████ ███ ██ ████ ███ ██ ████ ███ ██ ████ ███ ██ ████ ███ ██ ████ ███ ██ ████ ███ ██ ████ ███ ██ ████ ███ ██ ████ ███ ██ ████ ███ ██ ████ ███ ██ ████ ███ ██ ████ ███ ██ ████ ███ ██ ████ ███ ██ ████ ███ ██ ████ ███ ██ ████ ███ ██ ████ ███ ██ ████ ███ ██ ████ ███ ██ ████ ███ ██ ████ ███ ██ ████ ███ ██ ████ ███ ██ ████ ███ ██ ████ ███ ██ ████ ███ ██ ████ ███ ██ ████ ███ ██ ████ ███ ██ ████ ███ ██ ████ ███ ██ ████ ███ ██ ████ ███ ██ ████ ███ ██ ████ ███ ██ ████ ███ ██ ████ ███ ██ ████ ███ ██ ████ ███ ██ ████ ███ ██ ████ ███ ██ ████ ███ ██ ████ ███ ██ ████ ███ ██ ████ ███ ██ ████ ███ ██ ████ ███ ██ ████ ███ ██ ████ ███ ██ ████ ███ ██ ████ ███ ██ ████ ███ ██ ████ ███ ██ ████ ███ ██ ████ ███ ██ ████ ███ ██ ████ ███ ██ ████ ███ ██ ████ ███ ██ ████ ███ ██ ████ ███ ██ ████ ███ ██ ████ ███ ██ ████ ███ ██ ████ ███ ██ ████ ███ ██ ████ ███ ██ ████ ███ ██ ████ ███ ██ ████ ███ ██ ████ ███ ██ ████ ███ ██ ████ ███ ██ ████ ███ ██ ████ ███ ██ ████ ███ ██ ████ ███ ██ ████ ███ ██ ████ ███ ██ ████ ███ ██ ████ ███ ██ ████ ███ ██ ████ ███ ██ ████ ███ ██ ████ ███ ██ ████ ███ ██ ████ ███ ██ ████ ███ ██ ████ ███ ██ ████ ███ ██ ████ ███ ██ ████ ███ ██ ████ ███ ██ ████ ███ ██ ████ ███ ██ ████ ███ ██ ████ ███ ██ ████ ███ ██ ████ ███ ██ ████ ███ ██ ████ ███ ██ ████ ███ ██ ████ ███ ██ ████ ███ ██ ████ ███ ██ ████ ███ ██ ████ ███ ██ ████ ███ ██ ████ ███ ██ ████ ███ ██ ████ ███ ██ ████ ███ ██ ████ ███ ██ ████ ███ ██ ████ ███ ██ ████ ███ ██ ████ ███ ██ ████ ███ ██ ████ ███ ██ ████ ███ ██ ████ ███ ██ ████ ███ ██ ████ ███ ██ ████ ███ ██ ████ ███ ██ ████ ███ ██ ████ ███ ██ ████ ███ ██ ████ ███ ██ ████ ███ ██ ████ ███ ██ ████ ███ ██ ████ ███ ██ ████ ███ ██ ████ ███ ██ ████ ███ ██ ████ ███ ██ ████ ███ ██ ████ ███ ██ ████ ███ ██ ████ ███ ██ ████ ███ ██ ████ ███ ██ ████ ███ ██ ████ ███ ██ ████ ███ ██ ████ ███ ██ ████ ███ ██ ████ ███ ██ ████ ███ ██ ████ ███ ██ ████ ███ ██ ████ ███ ██ ████ ███ ██ ████ ███ ██ ████ ███ ██ ████ ███ ██ ████ ███ ██ ████ ███ ██ ████
Abg. Ciebowski (Fortschr. Vp.)
███ ██ ████ ███ ██ ████ ███ ██ ████ ███ ██ ████ ███ ██ ████ ███ ██ ████ ███ ██ ████ ███ ██ ████ ███ ██ ████ ███ ██ ████ ███ ██ ████ ███ ██ ████ ███ ██ ████ ███ ██ ████ ███ ██ ████ ███ ██ ████ ███ ██ ████ ███ ██ ████ ███ ██ ████ ███ ██ ████ ███ ██ ████ ███ ██ ████ ███ ██ ████ ███ ██ ████ ███ ██ ████ ███ ██ ████ ███ ██ ████ ███ ██ ████ ███ ██ ████ ███ ██ ████ ███ ██ ████ ███ ██ ████ ███ ██ ████ ███ ██ ████ ███ ██ ████ ███ ██ ████ ███ ██ ████ ███ ██ ████ ███ ██ ████ ███ ██ ████ ███ ██ ████ ███ ██ ████ ███ ██ ████ ███ ██ ████ ███ ██ ████ ███ ██ ████ ███ ██ ████ ███ ██ ████ ███ ██ ████ ███ ██ ████ ███ ██ ████ ███ ██ ████ ███ ██ ████ ███ ██ ████ ███ ██ ████ ███ ██ ████ ███ ██ ████ ███ ██ ████ ███ ██ ████ ███ ██ ████ ███ ██ ████ ███ ██ ████ ███ ██ ████ ███ ██ ████ ███ ██ ████ ███ ██ ████ ███ ██ ████ ███ ██ ████ ███ ██ ████ ███ ██ ████ ███ ██ ████ ███ ██ ████ ███ ██ ████ ███ ██ ████ ███ ██ ████ ███ ██ ████ ███ ██ ████ ███ ██ ████ ███ ██ ████ ███ ██ ████ ███ ██ ████ ███ ██ ████ ███ ██ ████ ███ ██ ████ ███ ██ ████ ███ ██ ████ ███ ██ ████ ███ ██ ████ ███ ██ ████ ███ ██ ████
Staatssekretär Kraetke
███ ██ ████ ███ ██ ████ ███ ██ ████ ███ ██ ████ ███ ██ ████ ███ ██ ████ ███ ██ ████ ███ ██ ████ ███ ██ ████ ███ ██ ████ ███ ██ ████ ███ ██ ████ ███ ██ ████ ███ ██ ████ ███ ██ ████ ███ ██ ████ ███ ██ ████ ███ ██ ████ ███ ██ ████ ███ ██ ████ ███ ██ ████ ███ ██ ████ ███ ██ ████ ███ ██ ████ ███ ██ ████ ███ ██ ████ ███ ██ ████ ███ ██ ████ ███ ██ ████ ███ ██ ████ ███ ██ ████ ███ ██ ████ ███ ██ ████ ███ ██ ████ ███ ██ ████ ███ ██ ████ ███ ██ ████ ███ ██ ████ ███ ██ ████ ███ ██ ████ ███ ██ ████ ███ ██ ████ ███ ██ ████ ███ ██ ████ ███ ██ ████ ███ ██ ████ ███ ██ ████ ███ ██ ████ ███ ██ ████ ███ ██ ████ ███ ██ ████ ███ ██ ████ ███ ██ ████ ███ ██ ████ ███ ██ ████ ███ ██ ████ ███ ██ ████ ███ ██ ████ ███ ██ ████ ███ ██ ████ ███ ██ ████ ███ ██ ████ ███ ██ ████ ███ ██ ████ ███ ██ ████ ███ ██ ████ ███ ██ ████ ███ ██ ████ ███ ██ ████ ███ ██ ████ ███ ██ ████ ███ ██ ████ ███ ██ ████ ███ ██ ████ ███ ██ ████ ███ ██ ████ ███ ██ ████ ███ ██ ████ ███ ██ ████ ███ ██ ████ ███ ██ ████ ███ ██ ████ ███ ██ ████ ███ ██ ████ ███ ██ ████ ███ ██ ████ ███ ██ ████ ███ ██ ████ ███ ██ ████ ███ ██ ████ ███ ██ ████ ███ ██ ████ ███ ██ ████ ███ ██ ████ ███ ██ ████ ███ ██ ████ ███ ██ ████ ███ ██ ████ ███ ██ ████ ███ ██ ████ ███ ██ ████ ███ ██ ████ ███ ██ ████ ███ ██ ████ ███ ██ ████ ███ ██ ████ ███ ██ ████ ███ ██ ████ ███ ██ ████ ███ ██ ████ ███ ██ ████ ███ ██ ████ ███ ██ ████ ███ ██ ████ ███ ██ ████ ███ ██ ████ ███ ██ ████ ███ ██ ████ ███ ██ ████ ███ ██ ████
Der Präsident
███ ██ ████ ███ ██ ████ ███ ██ ████ ███ ██ ████ ███ ██ ████ ███ ██ ████ ███ ██ ████ ███ ██ ████ ███ ██ ████ ███ ██ ████ ███ ██ ████ ███ ██ ████ ███ ██ ████ ███ ██ ████ ███ ██ ████ ███ ██ ████ ███ ██ ████ ███ ██ ████ ███ ██ ████ ███ ██ ████ ███ ██ ████ ███ ██ ████ ███ ██ ████ ███ ██ ████ ███ ██ ████ ███ ██ ████ ███ ██ ████ ███ ██ ████ ███ ██ ████ ███ ██ ████ ███ ██ ████ ███ ██ ████ ███ ██ ████ ███ ██ ████ ███ ██ ████ ███ ██ ████ ███ ██ ████ ███ ██ ████ ███ ██ ████ ███ ██ ████ ███ ██ ████ ███ ██ ████ ███ ██ ████ ███ ██ ████ ███ ██ ████ ███ ██ ████ ███ ██ ████ ███ ██ ████ ███ ██ ████ ███ ██ ████ ███ ██ ████ ███ ██ ████ ███ ██ ████ ███ ██ ████ ███ ██ ████ ███ ██ ████ ███ ██ ████ ███ ██ ████ ███ ██ ████ ███ ██ ████ ███ ██ ████ ███ ██ ████ ███ ██ ████ ███ ██ ████ ███ ██ ████ ███ ██ ████ ███ ██ ████ ███ ██ ████ ███ ██ ████ ███ ██ ████ ███ ██ ████ ███ ██ ████ ███ ██ ████ ███ ██ ████ ███ ██ ████ ███ ██ ████ ███ ██ ████ ███ ██ ████ ███ ██ ████ ███ ██ ████
Abg. Pfleger (Z.)
███ ██ ████ ███ ██ ████ ███ ██ ████ ███ ██ ████ ███ ██ ████ ███ ██ ████ ███ ██ ████ ███ ██ ████ ███ ██ ████ ███ ██ ████ ███ ██ ████ ███ ██ ████ ███ ██ ████ ███ ██ ████ ███ ██ ████ ███ ██ ████ ███ ██ ████ ███ ██ ████ ███ ██ ████ ███ ██ ████ ███ ██ ████ ███ ██ ████ ███ ██ ████ ███ ██ ████ ███ ██ ████ ███ ██ ████ ███ ██ ████ ███ ██ ████ ███ ██ ████ ███ ██ ████ ███ ██ ████ ███ ██ ████ ███ ██ ████ ███ ██ ████ ███ ██ ████ ███ ██ ████ ███ ██ ████ ███ ██ ████ ███ ██ ████ ███ ██ ████ ███ ██ ████ ███ ██ ████ ███ ██ ████ ███ ██ ████ ███ ██ ████ ███ ██ ████ ███ ██ ████ ███ ██ ████ ███ ██ ████ ███ ██ ████ ███ ██ ████ ███ ██ ████ ███ ██ ████ ███ ██ ████ ███ ██ ████ ███ ██ ████ ███ ██ ████ ███ ██ ████ ███ ██ ████ ███ ██ ████ ███ ██ ████ ███ ██ ████ ███ ██ ████ ███ ██ ████ ███ ██ ████ ███ ██ ████ ███ ██ ████ ███ ██ ████ ███ ██ ████ ███ ██ ████ ███ ██ ████ ███ ██ ████ ███ ██ ████ ███ ██ ████ ███ ██ ████ ███ ██ ████ ███ ██ ████ ███ ██ ████ ███ ██ ████ ███ ██ ████ ███ ██ ████ ███ ██ ████ ███ ██ ████ ███ ██ ████ ███ ██ ████ ███ ██ ████ ███ ██ ████ ███ ██ ████ ███ ██ ████ ███ ██ ████ ███ ██ ████ ███ ██ ████ ███ ██ ████ ███ ██ ████ ███ ██ ████ ███ ██ ████ ███ ██ ████ ███ ██ ████ ███ ██ ████ ███ ██ ████ ███ ██ ████ ███ ██ ████ ███ ██ ████ ███ ██ ████ ███ ██ ████ ███ ██ ████ ███ ██ ████ ███ ██ ████ ███ ██ ████ ███ ██ ████ ███ ██ ████ ███ ██ ████ ███ ██ ████ ███ ██ ████ ███ ██ ████ ███ ██ ████ ███ ██ ████ ███ ██ ████ ███ ██ ████ ███ ██ ████
Die Verwaltung der besetzten Gebiete.
N Berlin, 3. Mai. (Priv.-Tel.)
███ ██ ████ ███ ██ ████ ███ ██ ████ ███ ██ ████ ███ ██ ████ ███ ██ ████ ███ ██ ████ ███ ██ ████ ███ ██ ████ ███ ██ ████ ███ ██ ████ ███ ██ ████ ███ ██ ████ ███ ██ ████ ███ ██ ████ ███ ██ ████ ███ ██ ████ ███ ██ ████ ███ ██ ████ ███ ██ ████ ███ ██ ████ ███ ██ ████ ███ ██ ████ ███ ██ ████ ███ ██ ████ ███ ██ ████ ███ ██ ████ ███ ██ ████ ███ ██ ████ ███ ██ ████ ███ ██ ████ ███ ██ ████ ███ ██ ████ ███ ██ ████ ███ ██ ████ ███ ██ ████ ███ ██ ████ ███ ██ ████ ███ ██ ████ ███ ██ ████ ███ ██ ████ ███ ██ ████ ███ ██ ████ ███ ██ ████ ███ ██ ████ ███ ██ ████ ███ ██ ████ ███ ██ ████ ███ ██ ████ ███ ██ ████ ███ ██ ████ ███ ██ ████ ███ ██ ████ ███ ██ ████ ███ ██ ████ ███ ██ ████ ███ ██ ████ ███ ██ ████ ███ ██ ████ ███ ██ ████ ███ ██ ████ ███ ██ ████ ███ ██ ████ ███ ██ ████ ███ ██ ████ ███ ██ ████ ███ ██ ████ ███ ██ ████ ███ ██ ████ ███ ██ ████ ███ ██ ████ ███ ██ ████ ███ ██ ████ ███ ██ ████ ███ ██ ████ ███ ██ ████ ███ ██ ████ ███ ██ ████ ███ ██ ████ ███ ██ ████ ███ ██ ████ ███ ██ ████ ███ ██ ████ ███ ██ ████ ███ ██ ████ ███ ██ ████ ███ ██ ████ ███ ██ ████ ███ ██ ████ ███ ██ ████ ███ ██ ████ ███ ██ ████ ███ ██ ████ ███ ██ ████ ███ ██ ████ ███ ██ ████ ███ ██ ████ ███ ██ ████ ███ ██ ████ ███ ██ ████ ███ ██ ████ ███ ██ ████ ███ ██ ████ ███ ██ ████ ███ ██ ████ ███ ██ ████ ███ ██ ████ ███ ██ ████ ███ ██ ████ ███ ██ ████ ███ ██ ████ ███ ██ ████ ███ ██ ████ ███ ██ ████ ███ ██ ████ ███ ██ ████ ███ ██ ████ ███ ██ ████ ███ ██ ████ ███ ██ ████ ███ ██ ████ ███ ██ ████ ███ ██ ████ ███ ██ ████ ███ ██ ████ ███ ██ ████ ███ ██ ████ ███ ██ ████ ███ ██ ████ ███ ██ ████ ███ ██ ████ ███ ██ ████ ███ ██ ████ ███ ██ ████ ███ ██ ████ ███ ██ ████ ███ ██ ████ ███ ██ ████ ███ ██ ████ ███ ██ ████ ███ ██ ████ ███ ██ ████ ███ ██ ████ ███ ██ ████ ███ ██ ████ ███ ██ ████ ███ ██ ████ ███ ██ ████ ███ ██ ████ ███ ██ ████ ███ ██ ████ ███ ██ ████ ███ ██ ████ ███ ██ ████ ███ ██ ████ ███ ██ ████ ███ ██ ████ ███ ██ ████ ███ ██ ████ ███ ██ ████ ███ ██ ████ ███ ██ ████ ███ ██ ████ ███ ██ ████ ███ ██ ████ ███ ██ ████ ███ ██ ████ ███ ██ ████ ███ ██ ████ ███ ██ ████ ███ ██ ████ ███ ██ ████ ███ ██ ████ ███ ██ ████ ███ ██ ████ ███ ██ ████ ███ ██ ████ ███ ██ ████ ███ ██ ████ ███ ██ ████ ███ ██ ████ ███ ██ ████ ███ ██ ████ ███ ██ ████ ███ ██ ████ ███ ██ ████ ███ ██ ████ ███ ██ ████ ███ ██ ████ ███ ██ ████ ███ ██ ████ ███ ██ ████ ███ ██ ████ ███ ██ ████ ███ ██ ████ ███ ██ ████ ███ ██ ████ ███ ██ ████ ███ ██ ████ ███ ██ ████ ███ ██ ████ ███ ██ ████ ███ ██ ████ ███ ██ ████ ███ ██ ████ ███ ██ ████ ███ ██ ████ ███ ██ ████ ███ ██ ████ ███ ██ ████ ███ ██ ████ ███ ██ ████ ███ ██ ████ ███ ██ ████ ███ ██ ████ ███ ██ ████ ███ ██ ████ ███ ██ ████ ███ ██ ████ ███ ██ ████ ███ ██ ████ ███ ██ ████ ███ ██ ████ ███ ██ ████ ███ ██ ████ ███ ██ ████ ███ ██ ████ ███ ██ ████ ███ ██ ████ ███ ██ ████
Die belgische Frage.
███ ██ ████ ███ ██ ████ ███ ██ ████ ███ ██ ████ ███ ██ ████ ███ ██ ████ ███ ██ ████ ███ ██ ████ ███ ██ ████ ███ ██ ████ ███ ██ ████ ███ ██ ████ ███ ██ ████ ███ ██ ████ ███ ██ ████ ███ ██ ████ ███ ██ ████ ███ ██ ████ ███ ██ ████ ███ ██ ████ ███ ██ ████ ███ ██ ████ ███ ██ ████ ███ ██ ████ ███ ██ ████ ███ ██ ████ ███ ██ ████ ███ ██ ████ ███ ██ ████ ███ ██ ████ ███ ██ ████ ███ ██ ████ ███ ██ ████ ███ ██ ████ ███ ██ ████ ███ ██ ████ ███ ██ ████ ███ ██ ████ ███ ██ ████ ███ ██ ████ ███ ██ ████ ███ ██ ████ ███ ██ ████ ███ ██ ████ ███ ██ ████ ███ ██ ████ ███ ██ ████ ███ ██ ████ ███ ██ ████ ███ ██ ████ ███ ██ ████ ███ ██ ████ ███ ██ ████ ███ ██ ████ ███ ██ ████ ███ ██ ████ ███ ██ ████ ███ ██ ████ ███ ██ ████ ███ ██ ████ ███ ██ ████ ███ ██ ████ ███ ██ ████ ███ ██ ████ ███ ██ ████ ███ ██ ████ ███ ██ ████ ███ ██ ████ ███ ██ ████ ███ ██ ████ ███ ██ ████ ███ ██ ████ ███ ██ ████ ███ ██ ████ ███ ██ ████ ███ ██ ████ ███ ██ ████ ███ ██ ████ ███ ██ ████ ███ ██ ████ ███ ██ ████ ███ ██ ████ ███ ██ ████ ███ ██ ████ ███ ██ ████ ███ ██ ████ ███ ██ ████ ███ ██ ████ ███ ██ ████ ███ ██ ████ ███ ██ ████ ███ ██ ████ ███ ██ ████ ███ ██ ████ ███ ██ ████ ███ ██ ████ ███ ██ ████ ███ ██ ████ ███ ██ ████ ███ ██ ████ ███ ██ ████ ███ ██ ████ ███ ██ ████ ███ ██ ████ ███ ██ ████ ███ ██ ████ ███ ██ ████ ███ ██ ████ ███ ██ ████ ███ ██ ████ ███ ██ ████ ███ ██ ████ ███ ██ ████ ███ ██ ████ ███ ██ ████ ███ ██ ████ ███ ██ ████ ███ ██ ████ ███ ██ ████ ███ ██ ████ ███ ██ ████ ███ ██ ████ ███ ██ ████ ███ ██ ████ ███ ██ ████ ███ ██ ████ ███ ██ ████ ███ ██ ████ ███ ██ ████ ███ ██ ████ ███ ██ ████ ███ ██ ████ ███ ██ ████ ███ ██ ████ ███ ██ ████ ███ ██ ████ ███ ██ ████ ███ ██ ████ ███ ██ ████ ███ ██ ████ ███ ██ ████ ███ ██ ████ ███ ██ ████ ███ ██ ████ ███ ██ ████ ███ ██ ████ ███ ██ ████ ███ ██ ████ ███ ██ ████ ███ ██ ████ ███ ██ ████ ███ ██ ████ ███ ██ ████ ███ ██ ████ ███ ██ ████ ███ ██ ████ ███ ██ ████ ███ ██ ████ ███ ██ ████ ███ ██ ████ ███ ██ ████ ███ ██ ████ ███ ██ ████ ███ ██ ████ ███ ██ ████ ███ ██ ████ ███ ██ ████ ███ ██ ████ ███ ██ ████ ███ ██ ████ ███ ██ ████ ███ ██ ████ ███ ██ ████ ███ ██ ████ ███ ██ ████ ███ ██ ████ ███ ██ ████ ███ ██ ████ ███ ██ ████ ███ ██ ████ ███ ██ ████ ███ ██ ████ ███ ██ ████ ███ ██ ████ ███ ██ ████ ███ ██ ████ ███ ██ ████ ███ ██ ████ ███ ██ ████ ███ ██ ████ ███ ██ ████ ███ ██ ████ ███ ██ ████ ███ ██ ████ ███ ██ ████ ███ ██ ████ ███ ██ ████ ███ ██ ████ ███ ██ ████ ███ ██ ████ ███ ██ ████ ███ ██ ████ ███ ██ ████ ███ ██ ████ ███ ██ ████ ███ ██ ████ ███ ██ ████ ███ ██ ████ ███ ██ ████ ███ ██ ████ ███ ██ ████ ███ ██ ████ ███ ██ ████ ███ ██ ████ ███ ██ ████ ███ ██ ████ ███ ██ ████ ███ ██ ████ ███ ██ ████ ███ ██ ████ ███ ██ ████ ███ ██ ████ ███ ██ ████ ███ ██ ████ ███ ██ ████ ███ ██ ████ ███ ██ ████ ███ ██ ████ ███ ██ ████ ███ ██ ████ ███ ██ ████ ███ ██ ████ ███ ██ ████ ███ ██ ████ ███ ██ ████ ███ ██ ████ ███ ██ ████ ███ ██ ████ ███ ██ ████ ███ ██ ████ ███ ██ ████ ███ ██ ████ ███ ██ ████ ███ ██ ████ ███ ██ ████ ███ ██ ████ ███ ██ ████ ███ ██ ████ ███ ██ ████ ███ ██ ████ ███ ██ ████ ███ ██ ████ ███ ██ ████ ███ ██ ████ ███ ██ ████ ███ ██ ████ ███ ██ ████ ███ ██ ████ ███ ██ ████ ███ ██ ████ ███ ██ ████ ███ ██ ████ ███ ██ ████ ███ ██ ████ ███ ██ ████ ███ ██ ████ ███ ██ ████ ███ ██ ████ ███ ██ ████ ███ ██ ████ ███ ██ ████ ███ ██ ████ ███ ██ ████ ███ ██ ████ ███ ██ ████ ███ ██ ████ ███ ██ ████ ███ ██ ████ ███ ██ ████ ███ ██ ████ ███ ██ ████ ███ ██ ████ ███ ██ ████ ███ ██ ████ ███ ██ ████ ███ ██ ████ ███ ██ ████ ███ ██ ████ ███ ██ ████ ███ ██ ████ ███ ██ ████ ███ ██ ████ ███ ██ ████ ███ ██ ████ ███ ██ ████ ███ ██ ████ ███ ██ ████ ███ ██ ████ ███ ██ ████ ███ ██ ████ ███ ██ ████ ███ ██ ████ ███ ██ ████ ███ ██ ████ ███ ██ ████ ███ ██ ████ ███ ██ ████ ███ ██ ████ ███ ██ ████ ███ ██ ████ ███ ██ ████ ███ ██ ████ ███ ██ ████ ███ ██ ████ ███ ██ ████ ███ ██ ████ ███ ██ ████ ███ ██ ████ ███ ██ ████ ███ ██ ████ ███ ██ ████ ███ ██ ████ ███ ██ ████ ███ ██ ████ ███ ██ ████ ███ ██ ████ ███ ██ ████ ███ ██ ████ ███ ██ ████ ███ ██ ████ ███ ██ ████ ███ ██ ████ ███ ██ ████ ███ ██ ████ ███ ██ ████ ███ ██ ████ ███ ██ ████ ███ ██ ████ ███ ██ ████ ███ ██ ████ ███ ██ ████ ███ ██ ████ ███ ██ ████ ███ ██ ████ ███ ██ ████ ███ ██ ████ ███ ██ ████ ███ ██ ████ ███ ██ ████ ███ ██ ████ ███ ██ ████ ███ ██ ████ ███ ██ ████ ███ ██ ████ ███ ██ ████ ███ ██ ████ ███ ██ ████ ███ ██ ████ ███ ██ ████ ███ ██ ████ ███ ██ ████ ███ ██ ████ ███ ██ ████ ███ ██ ████ ███ ██ ████ ███ ██ ████ ███ ██ ████ ███ ██ ████ ███ ██ ████ ███ ██ ████ ███ ██ ████ ███ ██ ████ ███ ██ ████ ███ ██ ████ ███ ██ ████ ███ ██ ████ ███ ██ ████ ███ ██ ████ ███ ██ ████ ███ ██ ████ ███ ██ ████ ███ ██ ████ ███ ██ ████ ███ ██ ████ ███ ██ ████ ███ ██ ████ ███ ██ ████ ███ ██ ████ ███ ██ ████ ███ ██ ████ ███ ██ ████ ███ ██ ████ ███ ██ ████ ███ ██ ████ ███ ██ ████ ███ ██ ████ ███ ██ ████ ███ ██ ████ ███ ██ ████ ███ ██ ████ ███ ██ ████ ███ ██ ████ ███ ██ ████ ███ ██ ████ ███ ██ ████ ███ ██ ████ ███ ██ ████ ███ ██ ████ ███ ██ ████ ███ ██ ████ ███ ██ ████ ███ ██ ████ ███ ██ ████ ███ ██ ████ ███ ██ ████ ███ ██ ████ ███ ██ ████ ███ ██ ████ ███ ██ ████ ███ ██ ████ ███ ██ ████ ███ ██ ████ ███ ██ ████ ███ ██ ████ ███ ██ ████ ███ ██ ████ ███ ██ ████ ███ ██ ████ ███ ██ ████ ███ ██ ████ ███ ██ ████ ███ ██ ████ ███ ██ ████ ███ ██ ████ ███ ██ ████ ███ ██ ████ ███ ██ ████ ███ ██ ████ ███ ██ ████ ███ ██ ████ ███ ██ ████ ███ ██ ████ ███ ██ ████ ███ ██ ████ ███ ██ ████ ███ ██ ████ ███ ██ ████ ███ ██ ████ ███ ██ ████ ███ ██ ████ ███ ██ ████ ███ ██ ████ ███ ██ ████ ███ ██ ████ ███ ██ ████ ███ ██ ████ ███ ██ ████ ███ ██ ████ ███ ██ ████ ███ ██ ████ ███ ██ ████ ███ ██ ████ ███ ██ ████ ███ ██ ████ ███ ██ ████ ███ ██ ████ ███ ██ ████ ███ ██ ████ ███ ██ ████ ███ ██ ████ ███ ██ ████ ███ ██ ████ ███ ██ ████ ███ ██ ████ ███ ██ ████ ███ ██ ████ ███ ██ ████ ███ ██ ████ ███ ██ ████ ███ ██ ████ ███ ██ ████ ███ ██ ████ ███ ██ ████ ███ ██ ████ ███ ██ ████ ███ ██ ████ ███ ██ ████ ███ ██ ████ ███ ██ ████ ███ ██ ████ ███ ██ ████ ███ ██ ████ ███ ██ ████ ███ ██ ████ ███ ██ ████ ███ ██ ████ ███ ██ ████ ███ ██ ████ ███ ██ ████ ███ ██ ████ ███ ██ ████ ███ ██ ████ ███ ██ ████ ███ ██ ████ ███ ██ ████ ███ ██ ████ ███ ██ ████ ███ ██ ████ ███ ██ ████ ███ ██ ████ ███ ██ ████ ███ ██ ████ ███ ██ ████ ███ ██ ████ ███ ██ ████ ███ ██ ████ ███ ██ ████ ███ ██ ████ ███ ██ ████ ███ ██ ████ ███ ██ ████ ███ ██ ████ ███ ██ ████ ███ ██ ████ ███ ██ ████ ███ ██ ████ ███ ██ ████ ███ ██ ████ ███ ██ ████ ███ ██ ████ ███ ██ ████ ███ ██ ████ ███ ██ ████ ███ ██ ████ ███ ██ ████ ███ ██ ████ ███ ██ ████ ███ ██ ████ ███ ██ ████ ███ ██ ████ ███ ██ ████ ███ ██ ████ ███ ██ ████ ███ ██ ████ ███ ██ ████ ███ ██ ████ ███ ██ ████ ███ ██ ████ ███ ██ ████ ███ ██ ████ ███ ██ ████ ███ ██ ████ ███ ██ ████ ███ ██ ████ ███ ██ ████ ███ ██ ████ ███ ██ ████ ███ ██ ████ ███ ██ ████ ███ ██ ████ ███ ██ ████ ███ ██ ████ ███ ██ ████ ███ ██ ████ ███ ██ ████ ███ ██ ████ ███ ██ ████ ███ ██ ████ ███ ██ ████ ███ ██ ████ ███ ██ ████ ███ ██ ████ ███ ██ ████ ███ ██ ████ ███ ██ ████ ███ ██ ████ ███ ██ ████ ███ ██ ████ ███ ██ ████ ███ ██ ████ ███ ██ ████ ███ ██ ████ ███ ██ ████ ███ ██ ████ ███ ██ ████ ███ ██ ████ ███ ██ ████ ███ ██ ████ ███ ██ ████ ███ ██ ████ ███ ██ ████ ███ ██ ████ ███ ██ ████ ███ ██ ████ ███ ██ ████ ███ ██ ████ ███ ██ ████ ███ ██ ████ ███ ██ ████ ███ ██ ████ ███ ██ ████ ███ ██ ████ ███ ██ ████ ███ ██ ████ ███ ██ ████ ███ ██ ████ ███ ██ ████ ███ ██ ████ ███ ██ ████ ███ ██ ████ ███ ██ ████ ███ ██ ████ ███ ██ ████ ███ ██ ████ ███ ██ ████ ███ ██ ████ ███ ██ ████ ███ ██ ████ ███ ██ ████ ███ ██ ████ ███ ██ ████ ███ ██ ████ ███ ██ ████ ███ ██ ████ ███ ██ ████ ███ ██ ████ ███ ██ ████ ███ ██ ████ ███ ██ ████ ███ ██ ████ ███ ██ ████ ███ ██ ████ ███ ██ ████ ███ ██ ████ ███ ██ ████ ███ ██ ████ ███ ██ ████ ███ ██ ████ ███ ██ ████ ███ ██ ████ ███ ██ ████ ███ ██ ████ ███ ██ ████ ███ ██ ████ ███ ██ ████ ███ ██ ████ ███ ██ ████ ███ ██ ████ ███ ██ ████ ███ ██ ████ ███ ██ ████ ███ ██ ████ ███ ██ ████ ███ ██ ████ ███ ██ ████ ███ ██ ████ ███ ██ ████ ███ ██ ████ ███ ██ ████ ███ ██ ████ ███ ██ ████ ███ ██ ████ ███ ██ ████ ███ ██ ████ ███ ██ ████ ███ ██ ████ ███ ██ ████ ███ ██ ████ ███ ██ ████ ███ ██ ████ ███ ██ ████ ███ ██ ████ ███ ██ ████ ███ ██ ████ ███ ██ ████ ███ ██ ████ ███ ██ ████ ███ ██ ████ ███ ██ ████ ███ ██ ████ ███ ██ ████ ███ ██ ████ ███ ██ ████ ███ ██ ████ ███ ██ ████ ███ ██ ████ ███ ██ ████ ███ ██ ████ ███ ██ ████ ███ ██ ████ ███ ██ ████ ███ ██ ████ ███ ██ ████ ███ ██ ████ ███ ██ ████ ███ ██ ████ ███ ██ ████ ███ ██ ████ ███ ██ ████ ███ ██ ████ ███ ██ ████ ███ ██ ████ ███ ██ ████ ███ ██ ████ ███ ██ ████ ███ ██ ████ ███ ██ ████ ███ ██ ████ ███ ██ ████ ███ ██ ████ ███ ██ ████ ███ ██ ████ ███ ██ ████ ███ ██ ████ ███ ██ ████ ███ ██ ████ ███ ██ ████ ███ ██ ████ ███ ██ ████ ███ ██ ████ ███ ██ ████ ███ ██ ████ ███ ██ ████ ███ ██ ████ ███ ██ ████ ███ ██ ████ ███ ██ ████ ███ ██ ████ ███ ██ ████ ███ ██ ████ ███ ██ ████ ███ ██ ████ ███ ██ ████ ███ ██ ████ ███ ██ ████ ███ ██ ████ ███ ██ ████ ███ ██ ████ ███ ██ ████ ███ ██ ████ ███ ██ ████ ███ ██ ████ ███ ██ ████ ███ ██ ████ ███ ██ ████ ███ ██ ████ ███ ██ ████ ███ ██ ████ ███ ██ ████ ███ ██ ████ ███ ██ ████ ███ ██ ████ ███ ██ ████ ███ ██ ████ ███ ██ ████ ███ ██ ████ ███ ██ ████ ███ ██ ████ ███ ██ ████ ███ ██ ████ ███ ██ ████ ███ ██ ████ ███ ██ ████ ███ ██ ████ ███ ██ ████ ███ ██ ████ ███ ██ ████ ███ ██ ████ ███ ██ ████ ███ ██ ████ ███ ██ ████ ███ ██ ████ ███ ██ ████ ███ ██ ████ ███ ██ ████ ███ ██ ████ ███ ██ ████ ███ ██ ████ ███ ██ ████ ███ ██ ████ ███ ██ ████ ███ ██ ████ ███ ██ ████ ███ ██ ████ ███ ██ ████ ███ ██ ████ ███ ██ ████ ███ ██ ████ ███ ██ ████ ███ ██ ████ ███ ██ ████ ███ ██ ████ ███ ██ ████ ███ ██ ████ ███ ██ ████ ███ ██ ████ ███ ██ ████ ███ ██ ████ ███ ██ ████ ███ ██ ████ ███ ██ ████ ███ ██ ████ ███ ██ ████ ███ ██ ████ ███ ██ ████ ███ ██ ████ ███ ██ ████ ███ ██ ████ ███ ██ ████ ███ ██ ████ ███ ██ ████ ███ ██ ████ ███ ██ ████ ███ ██ ████ ███ ██ ████ ███ ██ ████ ███ ██ ████ ███ ██ ████ ███ ██ ████ ███ ██ ████ ███ ██ ████ ███ ██ ████ ███ ██ ████ ███ ██ ████ ███ ██ ████ ███ ██ ████ ███ ██ ████ ███ ██ ████ ███ ██ ████ ███ ██ ████ ███ ██ ████ ███ ██ ████ ███ ██ ████ ███ ██ ████ ███ ██ ████ ███ ██ ████ ███ ██ ████ ███ ██ ████ ███ ██ ████ ███ ██ ████ ███ ██ ████ ███ ██ ████ ███ ██ ████ ███ ██ ████ ███ ██ ████ ███ ██ ████ ███ ██ ████ ███ ██ ████ ███ ██ ████ ███ ██ ████ ███ ██ ████ ███ ██ ████ ███ ██ ████ ███ ██ ████ ███ ██ ████ ███ ██ ████ ███ ██ ████ ███ ██ ████ ███ ██ ████ ███ ██ ████ ███ ██ ████ ███ ██ ████ ███ ██ ████ ███ ██ ████ ███ ██ ████ ███ ██ ████ ███ ██ ████ ███ ██ ████ ███ ██ ████ ███ ██ ████ ███ ██ ████ ███ ██ ████ ███ ██ ████ ███ ██ ████ ███ ██ ████ ███ ██ ████ ███ ██ ████ ███ ██ ████ ███ ██ ████ ███ ██ ████ ███ ██ ████ ███ ██ ████ ███ ██ ████ ███ ██ ████ ███ ██ ████ ███ ██ ████ ███ ██ ████ ███ ██ ████ ███ ██ ████ ███ ██ ████ ███ ██ ████ ███ ██ ████ ███ ██ ████ ███ ██ ████ ███ ██ ████ ███ ██ ████ ███ ██ ████ ███ ██ ████ ███ ██ ████ ███ ██ ████ ███ ██ ████ ███ ██ ████ ███ ██ ████ ███ ██ ████ ███ ██ ████ ███ ██ ████ ███ ██ ████ ███ ██ ████ ███ ██ ████ ███ ██ ████ ███ ██ ████ ███ ██ ████ ███ ██ ████ ███ ██ ████ ███ ██ ████ ███ ██ ████ ███ ██ ████ ███ ██ ████ ███ ██ ████ ███ ██ ████ ███ ██ ████ ███ ██ ████ ███ ██ ████ ███ ██ ████ ███ ██ ████ ███ ██ ████ ███ ██ ████ ███ ██ ████ ███ ██ ████ ███ ██ ████ ███ ██ ████ ███ ██ ████ ███ ██ ████ ███ ██ ████ ███ ██ ████ ███ ██ ████ ███ ██ ████ ███ ██ ████ ███ ██ ████ ███ ██ ████ ███ ██ ████ ███ ██ ████ ███ ██ ████ ███ ██ ████ ███ ██ ████ ███ ██ ████ ███ ██ ████ ███ ██ ████ ███ ██ ████ ███ ██ ████ ███ ██ ████ ███ ██ ████ ███ ██ ████ ███ ██ ████ ███ ██ ████ ███ ██ ████ ███ ██ ████ ███ ██ ████ ███ ██ ████ ███ ██ ████ ███ ██ ████ ███ ██ ████ ███ ██ ████ ███ ██ ████ ███ ██ ████ ███ ██ ████ ███ ██ ████ ███ ██ ████ ███ ██ ████ ███ ██ ████ ███ ██ ████ ███ ██ ████ ███ ██ ████ ███ ██ ████ ███ ██ ████ ███ ██ ████ ███ ██ ████ ███ ██ ████ ███ ██ ████ ███ ██ ████ ███ ██ ████ ███ ██ ████ ███ ██ ████ ███ ██ ████ ███ ██ ████ ███ ██ ████ ███ ██ ████ ███ ██ ████ ███ ██ ████ ███ ██ ████ ███ ██ ████ ███ ██ ████ ███ ██ ████ ███ ██ ████ ███ ██ ████ ███ ██ ████ ███ ██ ████ ███ ██ ████ ███ ██ ████ ███ ██ ████ ███ ██ ████ ███ ██ ████ ███ ██ ████ ███ ██ ████ ███ ██ ████ ███ ██ ████ ███ ██ ████ ███ ██ ████ ███ ██ ████ ███ ██ ████ ███ ██ ████ ███ ██ ████ ███ ██ ████ ███ ██ ████ ███ ██ ████ ███ ██ ████ ███ ██ ████ ███ ██ ████ ███ ██ ████ ███ ██ ████ ███ ██ ████ ███ ██ ████ ███ ██ ████ ███ ██ ████ ███ ██ ████ ███ ██ ████ ███ ██ ████ ███ ██ ████ ███ ██ ████ ███ ██ ████ ███ ██ ████ ███ ██ ████ ███ ██ ████ ███ ██ ████ ███ ██ ████ ███ ██ ████ ███ ██ ████ ███ ██ ████ ███ ██ ████ ███ ██ ████ ███ ██ ████ ███ ██ ████ ███ ██ ████ ███ ██ ████ ███ ██ ████ ███ ██ ████ ███ ██ ████ ███ ██ ████ ███ ██ ████ ███ ██ ████ ███ ██ ████ ███ ██ ████ ███ ██ ████ ███ ██ ████ ███ ██ ████ ███ ██ ████ ███ ██ ████ ███ ██ ████ ███ ██ ████ ███ ██ ████ ███ ██ ████ ███ ██ ████ ███ ██ ████ ███ ██ ████ ███ ██ ████ ███ ██ ████ ███ ██ ████ ███ ██ ████ ███ ██ ████ ███ ██ ████ ███ ██ ████ ███ ██ ████ ███ ██ ████ ███ ██ ████ ███ ██ ████ ███ ██ ████ ███ ██ ████ ███ ██ ████ ███ ██ ████ ███ ██ ████ ███ ██ ████ ███ ██ ████ ███ ██ ████ ███ ██ ████ ███ ██ ████ ███ ██ ████ ███ ██ ████ ███ ██ ████ ███ ██ ████ ███ ██ ████ ███ ██ ████ ███ ██ ████ ███ ██ ████ ███ ██ ████ ███ ██ ████ ███ ██ ████ ███ ██ ████ ███ ██ ████ ███ ██ ████ ███ ██ ████ ███ ██ ████ ███ ██ ████ ███ ██ ████ ███ ██ ████ ███ ██ ████ ███ ██ ████ ███ ██ ████ ███ ██ ████ ███ ██ ████ ███ ██ ████ ███ ██ ████ ███ ██ ████ ███ ██ ████ ███ ██ ████ ███ ██ ████ ███ ██ ████ ███ ██ ████ ███ ██ ████ ███ ██ ████ ███ ██ ████ ███ ██ ████ ███ ██ ████ ███ ██ ████ ███ ██ ████ ███ ██ ████ ███ ██ ████ ███ ██ ████ ███ ██ ████ ███ ██ ████ ███ ██ ████ ███ ██ ████ ███ ██ ████ ███ ██ ████ ███ ██ ████ ███ ██ ████ ███ ██ ████ ███ ██ ████ ███ ██ ████ ███ ██ ████ ███ ██ ████ ███ ██ ████ ███ ██ ████ ███ ██ ████ ███ ██ ████ ███ ██ ████ ███ ██ ████ ███ ██ ████ ███ ██ ████ ███ ██ ████ ███ ██ ████ ███ ██ ████ ███ ██ ████ ███ ██ ████ ███ ██ ████ ███ ██ ████ ███ ██ ████ ███ ██ ████ ███ ██ ████ ███ ██ ████ ███ ██ ████ ███ ██ ████ ███ ██ ████ ███ ██ ████ ███ ██ ████ ███ ██ ████ ███ ██ ████ ███ ██ ████ ███ ██ ████ ███ ██ ████ ███ ██ ████ ███ ██ ████ ███ ██ ████ ███ ██ ████ ███ ██ ████ ███ ██ ████ ███ ██ ████ ███ ██ ████ ███ ██ ████ ███ ██ ████ ███ ██ ████ ███ ██ ████ ███ ██ ████ ███ ██ ████ ███ ██ ████ ███ ██ ████ ███ ██ ████ ███ ██ ████ ███ ██ ████ ███ ██ ████ ███ ██ ████ ███ ██ ████ ███ ██ ████ ███ ██ ████ ███ ██ ████ ███ ██ ████ ███ ██ ████ ███ ██ ████ ███ ██ ████ ███ ██ ████ ███ ██ ████ ███ ██ ████ ███ ██ ████ ███ ██ ████ ███ ██ ████ ███ ██ ████ ███ ██ ████ ███ ██ ████ ███ ██ ████ ███ ██ ████ ███ ██ ████ ███ ██ ████ ███ ██ ████ ███ ██ ████ ███ ██ ████ ███ ██ ████ ███ ██ ████ ███ ██ ████ ███ ██ ████ ███ ██ ████ ███ ██ ████ ███ ██ ████ ███ ██ ████ ███ ██ ████ ███ ██ ████ ███ ██ ████ ███ ██ ████ ███ ██ ████ ███ ██ ████ ███ ██ ████ ███ ██ ████ ███ ██ ████ ███ ██ ████ ███ ██ ████ ███ ██ ████ ███ ██ ████ ███ ██ ████ ███ ██ ████ ███ ██ ████ ███ ██ ████ ███ ██ ████ ███ ██ ████ ███ ██ ████ ███ ██ ████ ███ ██ ████ ███ ██ ████ ███ ██ ████ ███ ██ ████ ███ ██ ████ ███ ██ ████ ███ ██ ████ ███ ██ ████ ███ ██ ████ ███ ██ ████ ███ ██ ████ ███ ██ ████ ███ ██ ████ ███ ██ ████ ███ ██ ████ ███ ██ ████ ███ ██ ████ ███ ██ ████ ███ ██ ████ ███ ██ ████ ███ ██ ████ ███ ██ ████ ███ ██ ████ ███ ██ ████ ███ ██ ████ ███ ██ ████ ███ ██ ████ ███ ██ ████ ███ ██ ████ ███ ██ ████ ███ ██ ████ ███ ██ ████ ███ ██ ████ ███ ██ ████ ███ ██ ████ ███ ██ ████ ███ ██ ████ ███ ██ ████ ███ ██ ████ ███ ██ ████ ███ ██ ████ ███ ██ ████ ███ ██ ████ ███ ██ ████ ███ ██ ████ ███ ██ ████ ███ ██ ████ ███ ██ ████ ███ ██ ████ ███ ██ ████ ███ ██ ████ ███ ██ ████ ███ ██ ████ ███ ██ ████ ███ ██ ████ ███ ██ ████ ███ ██ ████ ███ ██ ████ ███ ██ ████ ███ ██ ████ ███ ██ ████ ███ ██ ████ ███ ██ ████ ███ ██ ████ ███ ██ ████ ███ ██ ████ ███ ██ ████ ███ ██ ████ ███ ██ ████ ███ ██ ████ ███ ██ ████ ███ ██ ████ ███ ██ ████ ███ ██ ████ ███ ██ ████ ███ ██ ████ ███ ██ ████ ███ ██ ████ ███ ██ ████ ███ ██ ████ ███ ██ ████ ███ ██ ████ ███ ██ ████ ███ ██ ████ ███ ██ ████ ███ ██ ████ ███ ██ ████ ███ ██ ████ ███ ██ ████ ███ ██ ████ ███ ██ ████ ███ ██ ████ ███ ██ ████ ███ ██ ████ ███ ██ ████ ███ ██ ████ ███ ██ ████ ███ ██ ████ ███ ██ ████ ███ ██ ████ ███ ██ ████ ███ ██ ████ ███ ██ ████ ███ ██ ████ ███ ██ ████ ███ ██ ████ ███ ██ ████ ███ ██ ████ ███ ██ ████ ███ ██ ████ ███ ██ ████ ███ ██ ████ ███ ██ ████ ███ ██ ████ ███ ██ ████ ███ ██ ████ ███ ██ ████ ███ ██ ████ ███ ██ ████ ███ ██ ████ ███ ██ ████ ███ ██ ████ ███ ██ ████ ███ ██ ████ ███ ██ ████ ███ ██ ████ ███ ██ ████ ███ ██ ████ ███ ██ ████ ███ ██ ████ ███ ██ ████ ███ ██ ████ ███ ██ ████ ███ ██ ████ ███ ██ ████ ███ ██ ████ ███ ██ ████ ███ ██ ████ ███ ██ ████ ███ ██ ████ ███ ██ ████ ███ ██ ████ ███ ██ ████ ███ ██ ████ ███ ██ ████ ███ ██ ████ ███ ██ ████ ███ ██ ████ ███ ██ ████ ███ ██ ████ ███ ██ ████ ███ ██ ████ ███ ██ ████ ███ ██ ████ ███ ██ ████ ███ ██ ████ ███ ██ ████ ███ ██ ████ ███ ██ ████ ███ ██ ████ ███ ██ ████ ███ ██ ████ ███ ██ ████ ███ ██ ████ ███ ██ ████ ███ ██ ████ ███ ██ ████ ███ ██ ████ ███ ██ ████ ███ ██ ████ ███ ██ ████ ███ ██ ████ ███ ██ ████ ███ ██ ████ ███ ██ ████ ███ ██ ████ ███ ██ ████ ███ ██ ████ ███ ██ ████ ███ ██ ████ ███ ██ ████ ███ ██ ████ ███ ██ ████ ███ ██ ████ ███ ██ ████ ███ ██ ████ ███ ██ ████ ███ ██ ████ ███ ██ ████ ███ ██ ████ ███ ██ ████ ███ ██ ████ ███ ██ ████ ███ ██ ████ ███ ██ ████ ███ ██ ████ ███ ██ ████ ███ ██ ████ ███ ██ ████ ███ ██ ████ ███ ██ ████ ███ ██ ████ ███ ██ ████ ███ ██ ████ ███ ██ ████ ███ ██ ████ ███ ██ ████ ███ ██ ████ ███ ██ ████ ███ ██ ████ ███ ██ ████ ███ ██ ████ ███ ██ ████ ███ ██ ████ ███ ██ ████ ███ ██ ████ ███ ██ ████ ███ ██ ████ ███ ██ ████ ███ ██ ████ ███ ██ ████ ███ ██ ████ ███ ██ ████ ███ ██ ████ ███ ██ ████ ███ ██ ████ ███ ██ ████ ███ ██ ████ ███ ██ ████ ███ ██ ████ ███ ██ ████ ███ ██ ████ ███ ██ ████ ███ ██ ████ ███ ██ ████ ███ ██ ████ ███ ██ ████ ███ ██ ████ ███ ██ ████ ███ ██ ████ ███ ██ ████ ███ ██ ████ ███ ██ ████ ███ ██ ████ ███ ██ ████ ███ ██ ████ ███ ██ ████ ███ ██ ████ ███ ██ ████ ███ ██ ████ ███ ██ ████ ███ ██ ████ ███ ██ ████ ███ ██ ████ ███ ██ ████ ███ ██ ████ ███ ██ ████
Österreich-ungarischer Bericht.
Wien, 3. Mai. (W. B.) Amtlich wird verlautbart:
Oestlicher Kriegsschauplatz.
███ ██ ████ ███ ██ ████ ███ ██ ████ ███ ██ ████ ███ ██ ████ ███ ██ ████ ███ ██ ████ ███ ██ ████ ███ ██ ████ ███ ██ ████ ███ ██ ████ ███ ██ ████ ███ ██ ████ ███ ██ ████ ███ ██ ████ ███ ██ ████ ███ ██ ████ ███ ██ ████ ███ ██ ████ ███ ██ ████ ███ ██ ████ ███ ██ ████ ███ ██ ████ ███ ██ ████ ███ ██ ████ ███ ██ ████ ███ ██ ████ ███ ██ ████ ███ ██ ████ ███ ██ ████ ███ ██ ████ ███ ██ ████ ███ ██ ████ ███ ██ ████ ███ ██ ████ ███ ██ ████ ███ ██ ████ ███ ██ ████ ███ ██ ████ ███ ██ ████
Südöstlicher und südwestlicher Kriegsschauplatz.
Keine besonderen Ereignisse.
Der Stellvertreter des Chefs des Generalstabes: v. Höfer, Feldmarschalleutnant.
Vorpostengefecht an der flandrischen Küste
Ein feindliches Torpedoboot versenkt (Echte Meldung.)
███ ██ ████ ███ ██ ████ ███ ██ ████ ███ ██ ████ ███ ██ ████ ███ ██ ████ ███ ██ ████ ███ ██ ████ ███ ██ ████ ███ ██ ████ ███ ██ ████ ███ ██ ████ ███ ██ ████ ███ ██ ████ ███ ██ ████ ███ ██ ████ ███ ██ ████ ███ ██ ████ ███ ██ ████ ███ ██ ████ ███ ██ ████ ███ ██ ████ ███ ██ ████ ███ ██ ████ ███ ██ ████ ███ ██ ████ ███ ██ ████ ███ ██ ████ ███ ██ ████ ███ ██ ████ ███ ██ ████ ███ ██ ████ ███ ██ ████ ███ ██ ████ ███ ██ ████ ███ ██ ████ ███ ██ ████ ███ ██ ████ ███ ██ ████ ███ ██ ████ ███ ██ ████ ███ ██ ████ ███ ██ ████ ███ ██ ████ ███ ██ ████ ███ ██ ████ ███ ██ ████ ███ ██ ████ ███ ██ ████ ███ ██ ████ ███ ██ ████ ███ ██ ████ ███ ██ ████ ███ ██ ████ ███ ██ ████ ███ ██ ████ ███ ██ ████ ███ ██ ████ ███ ██ ████ ███ ██ ████ ███ ██ ████ ███ ██ ████ ███ ██ ████ ███ ██ ████ ███ ██ ████ ███ ██ ████ ███ ██ ████ ███ ██ ████ ███ ██ ████ ███ ██ ████ ███ ██ ████ ███ ██ ████ ███ ██ ████ ███ ██ ████ ███ ██ ████ ███ ██ ████ ███ ██ ████ ███ ██ ████ ███ ██ ████ ███ ██ ████ ███ ██ ████ ███ ██ ████ ███ ██ ████ ███ ██ ████ ███ ██ ████ ███ ██ ████ ███ ██ ████ ███ ██ ████ ███ ██ ████ ███ ██ ████
Der Chef des Admiralstabs der Marine.
Der Luftangriff auf Zierikzee.
███ ██ ████ ███ ██ ████ ███ ██ ████ ███ ██ ████ ███ ██ ████ ███ ██ ████ ███ ██ ████ ███ ██ ████ ███ ██ ████ ███ ██ ████ ███ ██ ████ ███ ██ ████ ███ ██ ████ ███ ██ ████ ███ ██ ████ ███ ██ ████ ███ ██ ████ ███ ██ ████ ███ ██ ████ ███ ██ ████ ███ ██ ████ ███ ██ ████ ███ ██ ████ ███ ██ ████ ███ ██ ████ ███ ██ ████ ███ ██ ████ ███ ██ ████ ███ ██ ████ ███ ██ ████ ███ ██ ████ ███ ██ ████ ███ ██ ████ ███ ██ ████ ███ ██ ████ ███ ██ ████ ███ ██ ████ ███ ██ ████ ███ ██ ████ ███ ██ ████ ███ ██ ████ ███ ██ ████ ███ ██ ████ ███ ██ ████ ███ ██ ████ ███ ██ ████ ███ ██ ████ ███ ██ ████ ███ ██ ████ ███ ██ ████ ███ ██ ████ ███ ██ ████ ███ ██ ████ ███ ██ ████ ███ ██ ████ ███ ██ ████ ███ ██ ████ ███ ██ ████ ███ ██ ████ ███ ██ ████ ███ ██ ████ ███ ██ ████ ███ ██ ████ ███ ██ ████ ███ ██ ████ ███ ██ ████ ███ ██ ████ ███ ██ ████ ███ ██ ████ ███ ██ ████ ███ ██ ████ ███ ██ ████ ███ ██ ████ ███ ██ ████ ███ ██ ████ ███ ██ ████ ███ ██ ████ ███ ██ ████ ███ ██ ████ ███ ██ ████ ███ ██ ████ ███ ██ ████ ███ ██ ████ ███ ██ ████ ███ ██ ████ ███ ██ ████ ███ ██ ████ ███ ██ ████ ███ ██ ████ ███ ██ ████ ███ ██ ████ ███ ██ ████ ███ ██ ████ ███ ██ ████ ███ ██ ████ ███ ██ ████ ███ ██ ████ ███ ██ ████ ███ ██ ████ ███ ██ ████ ███ ██ ████ ███ ██ ████ ███ ██ ████ ███ ██ ████ ███ ██ ████ ███ ██ ████ ███ ██ ████ ███ ██ ████ ███ ██ ████ ███ ██ ████ ███ ██ ████ ███ ██ ████ ███ ██ ████ ███ ██ ████ ███ ██ ████ ███ ██ ████ ███ ██ ████ ███ ██ ████ ███ ██ ████ ███ ██ ████
Der türkische Bericht.
███ ██ ████ ███ ██ ████ ███ ██ ████ ███ ██ ████ ███ ██ ████ ███ ██ ████ ███ ██ ████ ███ ██ ████ ███ ██ ████ ███ ██ ████ ███ ██ ████ ███ ██ ████ ███ ██ ████ ███ ██ ████ ███ ██ ████ ███ ██ ████ ███ ██ ████ ███ ██ ████ ███ ██ ████ ███ ██ ████ ███ ██ ████ ███ ██ ████ ███ ██ ████ ███ ██ ████ ███ ██ ████ ███ ██ ████ ███ ██ ████ ███ ██ ████ ███ ██ ████ ███ ██ ████ ███ ██ ████ ███ ██ ████ ███ ██ ████ ███ ██ ████ ███ ██ ████ ███ ██ ████ ███ ██ ████ ███ ██ ████ ███ ██ ████ ███ ██ ████ ███ ██ ████ ███ ██ ████ ███ ██ ████ ███ ██ ████ ███ ██ ████ ███ ██ ████ ███ ██ ████ ███ ██ ████ ███ ██ ████ ███ ██ ████ ███ ██ ████ ███ ██ ████ ███ ██ ████ ███ ██ ████ ███ ██ ████ ███ ██ ████ ███ ██ ████ ███ ██ ████ ███ ██ ████ ███ ██ ████ ███ ██ ████ ███ ██ ████ ███ ██ ████ ███ ██ ████ ███ ██ ████ ███ ██ ████ ███ ██ ████ ███ ██ ████ ███ ██ ████ ███ ██ ████ ███ ██ ████ ███ ██ ████ ███ ██ ████ ███ ██ ████ ███ ██ ████ ███ ██ ████ ███ ██ ████ ███ ██ ████ ███ ██ ████ ███ ██ ████ ███ ██ ████ ███ ██ ████ ███ ██ ████ ███ ██ ████ ███ ██ ████ ███ ██ ████ ███ ██ ████ ███ ██ ████ ███ ██ ████ ███ ██ ████ ███ ██ ████ ███ ██ ████ ███ ██ ████ ███ ██ ████ ███ ██ ████ ███ ██ ████ ███ ██ ████ ███ ██ ████ ███ ██ ████ ███ ██ ████ ███ ██ ████ ███ ██ ████ ███ ██ ████ ███ ██ ████ ███ ██ ████ ███ ██ ████ ███ ██ ████ ███ ██ ████ ███ ██ ████ ███ ██ ████ ███ ██ ████ ███ ██ ████ ███ ██ ████ ███ ██ ████ ███ ██ ████ ███ ██ ████ ███ ██ ████ ███ ██ ████ ███ ██ ████ ███ ██ ████ ███ ██ ████ ███ ██ ████ ███ ██ ████ ███ ██ ████ ███ ██ ████ ███ ██ ████ ███ ██ ████ ███ ██ ████ ███ ██ ████ ███ ██ ████ ███ ██ ████ ███ ██ ████ ███ ██ ████ ███ ██ ████ ███ ██ ████ ███ ██ ████ ███ ██ ████ ███ ██ ████ ███ ██ ████ ███ ██ ████ ███ ██ ████ ███ ██ ████ ███ ██ ████ ███ ██ ████ ███ ██ ████ ███ ██ ████ ███ ██ ████ ███ ██ ████ ███ ██ ████ ███ ██ ████ ███ ██ ████ ███ ██ ████ ███ ██ ████ ███ ██ ████ ███ ██ ████ ███ ██ ████ ███ ██ ████ ███ ██ ████ ███ ██ ████ ███ ██ ████ ███ ██ ████ ███ ██ ████ ███ ██ ████ ███ ██ ████ ███ ██ ████ ███ ██ ████ ███ ██ ████ ███ ██ ████ ███ ██ ████ ███ ██ ████ ███ ██ ████ ███ ██ ████ ███ ██ ████ ███ ██ ████ ███ ██ ████ ███ ██ ████ ███ ██ ████ ███ ██ ████ ███ ██ ████ ███ ██ ████ ███ ██ ████ ███ ██ ████ ███ ██ ████ ███ ██ ████ ███ ██ ████ ███ ██ ████ ███ ██ ████ ███ ██ ████ ███ ██ ████ ███ ██ ████ ███ ██ ████ ███ ██ ████ ███ ██ ████ ███ ██ ████ ███ ██ ████ ███ ██ ████ ███ ██ ████ ███ ██ ████ ███ ██ ████ ███ ██ ████ ███ ██ ████ ███ ██ ████ ███ ██ ████ ███ ██ ████ ███ ██ ████ ███ ██ ████ ███ ██ ████ ███ ██ ████ ███ ██ ████ ███ ██ ████ ███ ██ ████ ███ ██ ████ ███ ██ ████ ███ ██ ████ ███ ██ ████ ███ ██ ████ ███ ██ ████ ███ ██ ████ ███ ██ ████ ███ ██ ████ ███ ██ ████ ███ ██ ████ ███ ██ ████ ███ ██ ████ ███ ██ ████ ███ ██ ████ ███ ██ ████ ███ ██ ████ ███ ██ ████ ███ ██ ████ ███ ██ ████ ███ ██ ████ ███ ██ ████ ███ ██ ████ ███ ██ ████ ███ ██ ████ ███ ██ ████ ███ ██ ████ ███ ██ ████ ███ ██ ████ ███ ██ ████ ███ ██ ████ ███ ██ ████ ███ ██ ████ ███ ██ ████ ███ ██ ████ ███ ██ ████ ███ ██ ████ ███ ██ ████ ███ ██ ████ ███ ██ ████ ███ ██ ████ ███ ██ ████ ███ ██ ████ ███ ██ ████ ███ ██ ████ ███ ██ ████ ███ ██ ████ ███ ██ ████ ███ ██ ████ ███ ██ ████ ███ ██ ████ ███ ██ ████ ███ ██ ████ ███ ██ ████ ███ ██ ████ ███ ██ ████ ███ ██ ████ ███ ██ ████ ███ ██ ████ ███ ██ ████ ███ ██ ████ ███ ██ ████ ███ ██ ████ ███ ██ ████ ███ ██ ████ ███ ██ ████ ███ ██ ████ ███ ██ ████ ███ ██ ████ ███ ██ ████ ███ ██ ████ ███ ██ ████ ███ ██ ████ ███ ██ ████ ███ ██ ████ ███ ██ ████ ███ ██ ████ ███ ██ ████ ███ ██ ████ ███ ██ ████ ███ ██ ████ ███ ██ ████ ███ ██ ████ ███ ██ ████ ███ ██ ████ ███ ██ ████ ███ ██ ████ ███ ██ ████ ███ ██ ████ ███ ██ ████ ███ ██ ████ ███ ██ ████ ███ ██ ████ ███ ██ ████ ███ ██ ████ ███ ██ ████ ███ ██ ████ ███ ██ ████ ███ ██ ████ ███ ██ ████ ███ ██ ████ ███ ██ ████ ███ ██ ████ ███ ██ ████ ███ ██ ████ ███ ██ ████ ███ ██ ████ ███ ██ ████ ███ ██ ████ ███ ██ ████ ███ ██ ████ ███ ██ ████ ███ ██ ████ ███ ██ ████ ███ ██ ████ ███ ██ ████ ███ ██ ████ ███ ██ ████ ███ ██ ████ ███ ██ ████ ███ ██ ████ ███ ██ ████ ███ ██ ████ ███ ██ ████ ███ ██ ████ ███ ██ ████ ███ ██ ████ ███ ██ ████ ███ ██ ████
Russischer Bericht vom 2. Mai.
███ ██ ████ ███ ██ ████ ███ ██ ████ ███ ██ ████ ███ ██ ████ ███ ██ ████ ███ ██ ████ ███ ██ ████ ███ ██ ████ ███ ██ ████ ███ ██ ████ ███ ██ ████ ███ ██ ████ ███ ██ ████ ███ ██ ████ ███ ██ ████ ███ ██ ████ ███ ██ ████ ███ ██ ████ ███ ██ ████ ███ ██ ████ ███ ██ ████ ███ ██ ████ ███ ██ ████ ███ ██ ████ ███ ██ ████ ███ ██ ████ ███ ██ ████ ███ ██ ████ ███ ██ ████ ███ ██ ████ ███ ██ ████ ███ ██ ████ ███ ██ ████ ███ ██ ████ ███ ██ ████ ███ ██ ████ ███ ██ ████ ███ ██ ████ ███ ██ ████ ███ ██ ████ ███ ██ ████ ███ ██ ████ ███ ██ ████ ███ ██ ████ ███ ██ ████ ███ ██ ████ ███ ██ ████ ███ ██ ████ ███ ██ ████ ███ ██ ████ ███ ██ ████ ███ ██ ████ ███ ██ ████ ███ ██ ████ ███ ██ ████ ███ ██ ████ ███ ██ ████ ███ ██ ████ ███ ██ ████ ███ ██ ████ ███ ██ ████ ███ ██ ████ ███ ██ ████ ███ ██ ████ ███ ██ ████ ███ ██ ████ ███ ██ ████ ███ ██ ████ ███ ██ ████ ███ ██ ████ ███ ██ ████ ███ ██ ████ ███ ██ ████ ███ ██ ████ ███ ██ ████ ███ ██ ████ ███ ██ ████ ███ ██ ████ ███ ██ ████ ███ ██ ████ ███ ██ ████ ███ ██ ████ ███ ██ ████ ███ ██ ████ ███ ██ ████ ███ ██ ████ ███ ██ ████ ███ ██ ████ ███ ██ ████ ███ ██ ████ ███ ██ ████ ███ ██ ████ ███ ██ ████ ███ ██ ████ ███ ██ ████ ███ ██ ████ ███ ██ ████ ███ ██ ████ ███ ██ ████ ███ ██ ████ ███ ██ ████ ███ ██ ████ ███ ██ ████ ███ ██ ████ ███ ██ ████ ███ ██ ████ ███ ██ ████ ███ ██ ████ ███ ██ ████ ███ ██ ████ ███ ██ ████ ███ ██ ████ ███ ██ ████ ███ ██ ████ ███ ██ ████ ███ ██ ████ ███ ██ ████ ███ ██ ████ ███ ██ ████ ███ ██ ████ ███ ██ ████ ███ ██ ████ ███ ██ ████ ███ ██ ████ ███ ██ ████ ███ ██ ████ ███ ██ ████ ███ ██ ████ ███ ██ ████ ███ ██ ████ ███ ██ ████ ███ ██ ████ ███ ██ ████ ███ ██ ████ ███ ██ ████ ███ ██ ████ ███ ██ ████ ███ ██ ████ ███ ██ ████ ███ ██ ████ ███ ██ ████ ███ ██ ████ ███ ██ ████ ███ ██ ████ ███ ██ ████ ███ ██ ████ ███ ██ ████ ███ ██ ████ ███ ██ ████ ███ ██ ████ ███ ██ ████ ███ ██ ████ ███ ██ ████ ███ ██ ████ ███ ██ ████ ███ ██ ████ ███ ██ ████ ███ ██ ████ ███ ██ ████ ███ ██ ████ ███ ██ ████ ███ ██ ████ ███ ██ ████ ███ ██ ████ ███ ██ ████ ███ ██ ████ ███ ██ ████ ███ ██ ████ ███ ██ ████ ███ ██ ████ ███ ██ ████ ███ ██ ████ ███ ██ ████ ███ ██ ████ ███ ██ ████ ███ ██ ████ ███ ██ ████ ███ ██ ████ ███ ██ ████ ███ ██ ████ ███ ██ ████ ███ ██ ████ ███ ██ ████ ███ ██ ████ ███ ██ ████ ███ ██ ████ ███ ██ ████ ███ ██ ████ ███ ██ ████ ███ ██ ████ ███ ██ ████ ███ ██ ████ ███ ██ ████ ███ ██ ████ ███ ██ ████ ███ ██ ████ ███ ██ ████ ███ ██ ████ ███ ██ ████ ███ ██ ████ ███ ██ ████ ███ ██ ████ ███ ██ ████ ███ ██ ████ ███ ██ ████ ███ ██ ████ ███ ██ ████ ███ ██ ████ ███ ██ ████ ███ ██ ████ ███ ██ ████ ███ ██ ████ ███ ██ ████ ███ ██ ████ ███ ██ ████ ███ ██ ████ ███ ██ ████ ███ ██ ████ ███ ██ ████ ███ ██ ████ ███ ██ ████ ███ ██ ████ ███ ██ ████ ███ ██ ████ ███ ██ ████ ███ ██ ████ ███ ██ ████ ███ ██ ████ ███ ██ ████ ███ ██ ████ ███ ██ ████ ███ ██ ████ ███ ██ ████ ███ ██ ████ ███ ██ ████ ███ ██ ████ ███ ██ ████ ███ ██ ████ ███ ██ ████ ███ ██ ████ ███ ██ ████ ███ ██ ████ ███ ██ ████ ███ ██ ████ ███ ██ ████ ███ ██ ████ ███ ██ ████ ███ ██ ████ ███ ██ ████ ███ ██ ████ ███ ██ ████ ███ ██ ████ ███ ██ ████ ███ ██ ████ ███ ██ ████ ███ ██ ████ ███ ██ ████ ███ ██ ████ ███ ██ ████ ███ ██ ████ ███ ██ ████ ███ ██ ████ ███ ██ ████ ███ ██ ████ ███ ██ ████ ███ ██ ████ ███ ██ ████ ███ ██ ████ ███ ██ ████ ███ ██ ████ ███ ██ ████ ███ ██ ████ ███ ██ ████ ███ ██ ████ ███ ██ ████ ███ ██ ████ ███ ██ ████ ███ ██ ████ ███ ██ ████
England.
Kriegskosten und neue Steuern.
███ ██ ████ ███ ██ ████ ███ ██ ████ ███ ██ ████ ███ ██ ████ ███ ██ ████ ███ ██ ████ ███ ██ ████ ███ ██ ████ ███ ██ ████ ███ ██ ████ ███ ██ ████ ███ ██ ████ ███ ██ ████ ███ ██ ████ ███ ██ ████ ███ ██ ████ ███ ██ ████ ███ ██ ████ ███ ██ ████ ███ ██ ████ ███ ██ ████ ███ ██ ████ ███ ██ ████ ███ ██ ████ ███ ██ ████ ███ ██ ████ ███ ██ ████ ███ ██ ████ ███ ██ ████ ███ ██ ████ ███ ██ ████ ███ ██ ████ ███ ██ ████ ███ ██ ████ ███ ██ ████ ███ ██ ████ ███ ██ ████ ███ ██ ████ ███ ██ ████ ███ ██ ████ ███ ██ ████ ███ ██ ████ ███ ██ ████ ███ ██ ████ ███ ██ ████ ███ ██ ████ ███ ██ ████ ███ ██ ████ ███ ██ ████ ███ ██ ████ ███ ██ ████ ███ ██ ████ ███ ██ ████ ███ ██ ████ ███ ██ ████ ███ ██ ████ ███ ██ ████ ███ ██ ████ ███ ██ ████ ███ ██ ████ ███ ██ ████ ███ ██ ████ ███ ██ ████ ███ ██ ████ ███ ██ ████ ███ ██ ████ ███ ██ ████ ███ ██ ████ ███ ██ ████ ███ ██ ████ ███ ██ ████ ███ ██ ████ ███ ██ ████ ███ ██ ████ ███ ██ ████ ███ ██ ████ ███ ██ ████ ███ ██ ████ ███ ██ ████ ███ ██ ████ ███ ██ ████ ███ ██ ████ ███ ██ ████ ███ ██ ████ ███ ██ ████ ███ ██ ████ ███ ██ ████ ███ ██ ████ ███ ██ ████ ███ ██ ████ ███ ██ ████ ███ ██ ████ ███ ██ ████ ███ ██ ████ ███ ██ ████ ███ ██ ████ ███ ██ ████ ███ ██ ████ ███ ██ ████ ███ ██ ████ ███ ██ ████ ███ ██ ████ ███ ██ ████ ███ ██ ████ ███ ██ ████ ███ ██ ████ ███ ██ ████ ███ ██ ████ ███ ██ ████ ███ ██ ████ ███ ██ ████ ███ ██ ████ ███ ██ ████ ███ ██ ████ ███ ██ ████ ███ ██ ████ ███ ██ ████ ███ ██ ████ ███ ██ ████ ███ ██ ████ ███ ██ ████ ███ ██ ████ ███ ██ ████ ███ ██ ████ ███ ██ ████ ███ ██ ████ ███ ██ ████ ███ ██ ████ ███ ██ ████ ███ ██ ████ ███ ██ ████ ███ ██ ████ ███ ██ ████ ███ ██ ████ ███ ██ ████ ███ ██ ████ ███ ██ ████ ███ ██ ████ ███ ██ ████ ███ ██ ████ ███ ██ ████ ███ ██ ████ ███ ██ ████ ███ ██ ████ ███ ██ ████ ███ ██ ████ ███ ██ ████ ███ ██ ████ ███ ██ ████ ███ ██ ████ ███ ██ ████ ███ ██ ████ ███ ██ ████ ███ ██ ████ ███ ██ ████ ███ ██ ████ ███ ██ ████ ███ ██ ████ ███ ██ ████ ███ ██ ████ ███ ██ ████ ███ ██ ████ ███ ██ ████ ███ ██ ████ ███ ██ ████ ███ ██ ████ ███ ██ ████ ███ ██ ████ ███ ██ ████ ███ ██ ████ ███ ██ ████ ███ ██ ████ ███ ██ ████ ███ ██ ████ ███ ██ ████ ███ ██ ████ ███ ██ ████ ███ ██ ████ ███ ██ ████ ███ ██ ████ ███ ██ ████ ███ ██ ████ ███ ██ ████ ███ ██ ████ ███ ██ ████ ███ ██ ████ ███ ██ ████ ███ ██ ████ ███ ██ ████ ███ ██ ████ ███ ██ ████ ███ ██ ████ ███ ██ ████ ███ ██ ████ ███ ██ ████ ███ ██ ████ ███ ██ ████ ███ ██ ████ ███ ██ ████ ███ ██ ████ ███ ██ ████ ███ ██ ████ ███ ██ ████ ███ ██ ████ ███ ██ ████ ███ ██ ████ ███ ██ ████ ███ ██ ████ ███ ██ ████ ███ ██ ████ ███ ██ ████ ███ ██ ████ ███ ██ ████ ███ ██ ████ ███ ██ ████ ███ ██ ████ ███ ██ ████ ███ ██ ████ ███ ██ ████ ███ ██ ████ ███ ██ ████ ███ ██ ████ ███ ██ ████ ███ ██ ████ ███ ██ ████ ███ ██ ████ ███ ██ ████ ███ ██ ████ ███ ██ ████ ███ ██ ████ ███ ██ ████ ███ ██ ████ ███ ██ ████ ███ ██ ████ ███ ██ ████ ███ ██ ████ ███ ██ ████ ███ ██ ████ ███ ██ ████ ███ ██ ████ ███ ██ ████ ███ ██ ████ ███ ██ ████ ███ ██ ████ ███ ██ ████ ███ ██ ████ ███ ██ ████ ███ ██ ████ ███ ██ ████ ███ ██ ████ ███ ██ ████ ███ ██ ████ ███ ██ ████ ███ ██ ████ ███ ██ ████ ███ ██ ████ ███ ██ ████ ███ ██ ████ ███ ██ ████ ███ ██ ████ ███ ██ ████ ███ ██ ████ ███ ██ ████ ███ ██ ████ ███ ██ ████ ███ ██ ████ ███ ██ ████ ███ ██ ████ ███ ██ ████ ███ ██ ████ ███ ██ ████ ███ ██ ████ ███ ██ ████ ███ ██ ████ ███ ██ ████ ███ ██ ████ ███ ██ ████ ███ ██ ████ ███ ██ ████ ███ ██ ████ ███ ██ ████ ███ ██ ████ ███ ██ ████ ███ ██ ████ ███ ██ ████ ███ ██ ████ ███ ██ ████ ███ ██ ████ ███ ██ ████ ███ ██ ████ ███ ██ ████ ███ ██ ████ ███ ██ ████ ███ ██ ████ ███ ██ ████ ███ ██ ████ ███ ██ ████ ███ ██ ████ ███ ██ ████ ███ ██ ████ ███ ██ ████ ███ ██ ████ ███ ██ ████ ███ ██ ████ ███ ██ ████ ███ ██ ████ ███ ██ ████ ███ ██ ████ ███ ██ ████ ███ ██ ████ ███ ██ ████ ███ ██ ████ ███ ██ ████ ███ ██ ████ ███ ██ ████ ███ ██ ████ ███ ██ ████ ███ ██ ████ ███ ██ ████ ███ ██ ████ ███ ██ ████ ███ ██ ████ ███ ██ ████ ███ ██ ████ ███ ██ ████ ███ ██ ████ ███ ██ ████ ███ ██ ████ ███ ██ ████ ███ ██ ████ ███ ██ ████ ███ ██ ████ ███ ██ ████ ███ ██ ████ ███ ██ ████ ███ ██ ████ ███ ██ ████ ███ ██ ████ ███ ██ ████ ███ ██ ████ ███ ██ ████ ███ ██ ████ ███ ██ ████ ███ ██ ████ ███ ██ ████ ███ ██ ████ ███ ██ ████ ███ ██ ████ ███ ██ ████ ███ ██ ████ ███ ██ ████ ███ ██ ████ ███ ██ ████ ███ ██ ████ ███ ██ ████ ███ ██ ████ ███ ██ ████ ███ ██ ████ ███ ██ ████ ███ ██ ████ ███ ██ ████ ███ ██ ████ ███ ██ ████ ███ ██ ████ ███ ██ ████ ███ ██ ████ ███ ██ ████ ███ ██ ████ ███ ██ ████ ███ ██ ████ ███ ██ ████ ███ ██ ████ ███ ██ ████ ███ ██ ████ ███ ██ ████ ███ ██ ████ ███ ██ ████ ███ ██ ████ ███ ██ ████ ███ ██ ████ ███ ██ ████ ███ ██ ████ ███ ██ ████ ███ ██ ████ ███ ██ ████ ███ ██ ████ ███ ██ ████ ███ ██ ████ ███ ██ ████ ███ ██ ████ ███ ██ ████ ███ ██ ████ ███ ██ ████ ███ ██ ████ ███ ██ ████ ███ ██ ████ ███ ██ ████ ███ ██ ████ ███ ██ ████ ███ ██ ████ ███ ██ ████ ███ ██ ████ ███ ██ ████ ███ ██ ████ ███ ██ ████ ███ ██ ████ ███ ██ ████ ███ ██ ████ ███ ██ ████ ███ ██ ████ ███ ██ ████ ███ ██ ████ ███ ██ ████ ███ ██ ████ ███ ██ ████ ███ ██ ████ ███ ██ ████ ███ ██ ████ ███ ██ ████ ███ ██ ████ ███ ██ ████ ███ ██ ████ ███ ██ ████ ███ ██ ████ ███ ██ ████ ███ ██ ████ ███ ██ ████ ███ ██ ████ ███ ██ ████ ███ ██ ████ ███ ██ ████ ███ ██ ████ ███ ██ ████ ███ ██ ████ ███ ██ ████ ███ ██ ████ ███ ██ ████ ███ ██ ████ ███ ██ ████ ███ ██ ████ ███ ██ ████ ███ ██ ████ ███ ██ ████ ███ ██ ████ ███ ██ ████ ███ ██ ████ ███ ██ ████ ███ ██ ████ ███ ██ ████ ███ ██ ████ ███ ██ ████ ███ ██ ████ ███ ██ ████ ███ ██ ████ ███ ██ ████ ███ ██ ████ ███ ██ ████ ███ ██ ████ ███ ██ ████ ███ ██ ████ ███ ██ ████ ███ ██ ████ ███ ██ ████ ███ ██ ████ ███ ██ ████ ███ ██ ████ ███ ██ ████ ███ ██ ████ ███ ██ ████ ███ ██ ████ ███ ██ ████ ███ ██ ████ ███ ██ ████ ███ ██ ████ ███ ██ ████ ███ ██ ████ ███ ██ ████ ███ ██ ████ ███ ██ ████ ███ ██ ████ ███ ██ ████ ███ ██ ████ ███ ██ ████ ███ ██ ████ ███ ██ ████ ███ ██ ████ ███ ██ ████ ███ ██ ████ ███ ██ ████ ███ ██ ████ ███ ██ ████ ███ ██ ████ ███ ██ ████ ███ ██ ████ ███ ██ ████ ███ ██ ████ ███ ██ ████ ███ ██ ████ ███ ██ ████
Die amerikanische Finanzhilfe.
███ ██ ████ ███ ██ ████ ███ ██ ████ ███ ██ ████ ███ ██ ████ ███ ██ ████ ███ ██ ████ ███ ██ ████ ███ ██ ████ ███ ██ ████ ███ ██ ████ ███ ██ ████ ███ ██ ████ ███ ██ ████ ███ ██ ████ ███ ██ ████ ███ ██ ████ ███ ██ ████ ███ ██ ████ ███ ██ ████ ███ ██ ████ ███ ██ ████ ███ ██ ████ ███ ██ ████ ███ ██ ████ ███ ██ ████ ███ ██ ████ ███ ██ ████ ███ ██ ████ ███ ██ ████ ███ ██ ████ ███ ██ ████ ███ ██ ████ ███ ██ ████ ███ ██ ████ ███ ██ ████ ███ ██ ████ ███ ██ ████ ███ ██ ████ ███ ██ ████ ███ ██ ████ ███ ██ ████ ███ ██ ████ ███ ██ ████ ███ ██ ████ ███ ██ ████ ███ ██ ████ ███ ██ ████ ███ ██ ████ ███ ██ ████ ███ ██ ████ ███ ██ ████ ███ ██ ████ ███ ██ ████ ███ ██ ████ ███ ██ ████ ███ ██ ████ ███ ██ ████ ███ ██ ████ ███ ██ ████ ███ ██ ████ ███ ██ ████ ███ ██ ████ ███ ██ ████ ███ ██ ████ ███ ██ ████ ███ ██ ████ ███ ██ ████ ███ ██ ████ ███ ██ ████ ███ ██ ████ ███ ██ ████ ███ ██ ████ ███ ██ ████ ███ ██ ████ ███ ██ ████ ███ ██ ████ ███ ██ ████ ███ ██ ████ ███ ██ ████ ███ ██ ████ ███ ██ ████ ███ ██ ████ ███ ██ ████ ███ ██ ████ ███ ██ ████ ███ ██ ████ ███ ██ ████ ███ ██ ████ ███ ██ ████ ███ ██ ████ ███ ██ ████ ███ ██ ████ ███ ██ ████ ███ ██ ████ ███ ██ ████ ███ ██ ████ ███ ██ ████ ███ ██ ████ ███ ██ ████ ███ ██ ████ ███ ██ ████ ███ ██ ████ ███ ██ ████ ███ ██ ████ ███ ██ ████ ███ ██ ████ ███ ██ ████ ███ ██ ████ ███ ██ ████ ███ ██ ████ ███ ██ ████ ███ ██ ████ ███ ██ ████ ███ ██ ████ ███ ██ ████ ███ ██ ████ ███ ██ ████ ███ ██ ████ ███ ██ ████ ███ ██ ████ ███ ██ ████ ███ ██ ████ ███ ██ ████ ███ ██ ████ ███ ██ ████ ███ ██ ████ ███ ██ ████ ███ ██ ████ ███ ██ ████ ███ ██ ████ ███ ██ ████ ███ ██ ████ ███ ██ ████ ███ ██ ████ ███ ██ ████ ███ ██ ████ ███ ██ ████ ███ ██ ████ ███ ██ ████ ███ ██ ████ ███ ██ ████ ███ ██ ████ ███ ██ ████ ███ ██ ████ ███ ██ ████ ███ ██ ████ ███ ██ ████ ███ ██ ████ ███ ██ ████ ███ ██ ████ ███ ██ ████ ███ ██ ████ ███ ██ ████ ███ ██ ████ ███ ██ ████ ███ ██ ████ ███ ██ ████ ███ ██ ████ ███ ██ ████ ███ ██ ████ ███ ██ ████ ███ ██ ████ ███ ██ ████ ███ ██ ████ ███ ██ ████ ███ ██ ████ ███ ██ ████ ███ ██ ████ ███ ██ ████ ███ ██ ████ ███ ██ ████ ███ ██ ████ ███ ██ ████ ███ ██ ████ ███ ██ ████ ███ ██ ████ ███ ██ ████ ███ ██ ████ ███ ██ ████ ███ ██ ████ ███ ██ ████ ███ ██ ████ ███ ██ ████ ███ ██ ████ ███ ██ ████ ███ ██ ████ ███ ██ ████ ███ ██ ████ ███ ██ ████
Tisza und die Opposition.
███ ██ ████ ███ ██ ████ ███ ██ ████ ███ ██ ████ ███ ██ ████ ███ ██ ████ ███ ██ ████ ███ ██ ████ ███ ██ ████ ███ ██ ████ ███ ██ ████ ███ ██ ████ ███ ██ ████ ███ ██ ████ ███ ██ ████ ███ ██ ████ ███ ██ ████ ███ ██ ████ ███ ██ ████ ███ ██ ████ ███ ██ ████ ███ ██ ████ ███ ██ ████ ███ ██ ████ ███ ██ ████ ███ ██ ████ ███ ██ ████ ███ ██ ████ ███ ██ ████ ███ ██ ████ ███ ██ ████ ███ ██ ████ ███ ██ ████ ███ ██ ████ ███ ██ ████ ███ ██ ████ ███ ██ ████ ███ ██ ████ ███ ██ ████ ███ ██ ████ ███ ██ ████ ███ ██ ████ ███ ██ ████ ███ ██ ████ ███ ██ ████ ███ ██ ████ ███ ██ ████ ███ ██ ████ ███ ██ ████ ███ ██ ████ ███ ██ ████ ███ ██ ████ ███ ██ ████ ███ ██ ████ ███ ██ ████ ███ ██ ████ ███ ██ ████ ███ ██ ████ ███ ██ ████ ███ ██ ████ ███ ██ ████ ███ ██ ████ ███ ██ ████ ███ ██ ████ ███ ██ ████ ███ ██ ████ ███ ██ ████ ███ ██ ████ ███ ██ ████ ███ ██ ████ ███ ██ ████ ███ ██ ████ ███ ██ ████ ███ ██ ████ ███ ██ ████ ███ ██ ████ ███ ██ ████ ███ ██ ████ ███ ██ ████ ███ ██ ████ ███ ██ ████ ███ ██ ████ ███ ██ ████ ███ ██ ████ ███ ██ ████ ███ ██ ████ ███ ██ ████ ███ ██ ████ ███ ██ ████ ███ ██ ████ ███ ██ ████ ███ ██ ████ ███ ██ ████ ███ ██ ████ ███ ██ ████ ███ ██ ████ ███ ██ ████ ███ ██ ████ ███ ██ ████ ███ ██ ████ ███ ██ ████ ███ ██ ████ ███ ██ ████ ███ ██ ████ ███ ██ ████ ███ ██ ████ ███ ██ ████ ███ ██ ████ ███ ██ ████ ███ ██ ████ ███ ██ ████ ███ ██ ████ ███ ██ ████ ███ ██ ████ ███ ██ ████ ███ ██ ████ ███ ██ ████ ███ ██ ████ ███ ██ ████ ███ ██ ████ ███ ██ ████ ███ ██ ████ ███ ██ ████ ███ ██ ████ ███ ██ ████ ███ ██ ████ ███ ██ ████ ███ ██ ████ ███ ██ ████ ███ ██ ████ ███ ██ ████ ███ ██ ████ ███ ██ ████ ███ ██ ████ ███ ██ ████ ███ ██ ████ ███ ██ ████ ███ ██ ████ ███ ██ ████ ███ ██ ████ ███ ██ ████ ███ ██ ████ ███ ██ ████ ███ ██ ████ ███ ██ ████ ███ ██ ████ ███ ██ ████ ███ ██ ████ ███ ██ ████ ███ ██ ████ ███ ██ ████ ███ ██ ████ ███ ██ ████ ███ ██ ████ ███ ██ ████ ███ ██ ████ ███ ██ ████ ███ ██ ████ ███ ██ ████ ███ ██ ████ ███ ██ ████ ███ ██ ████ ███ ██ ████ ███ ██ ████ ███ ██ ████ ███ ██ ████ ███ ██ ████ ███ ██ ████ ███ ██ ████ ███ ██ ████ ███ ██ ████ ███ ██ ████ ███ ██ ████ ███ ██ ████ ███ ██ ████ ███ ██ ████ ███ ██ ████ ███ ██ ████ ███ ██ ████ ███ ██ ████ ███ ██ ████ ███ ██ ████ ███ ██ ████ ███ ██ ████ ███ ██ ████ ███ ██ ████ ███ ██ ████ ███ ██ ████ ███ ██ ████ ███ ██ ████ ███ ██ ████ ███ ██ ████ ███ ██ ████ ███ ██ ████ ███ ██ ████ ███ ██ ████ ███ ██ ████ ███ ██ ████ ███ ██ ████ ███ ██ ████ ███ ██ ████ ███ ██ ████ ███ ██ ████ ███ ██ ████ ███ ██ ████ ███ ██ ████ ███ ██ ████ ███ ██ ████ ███ ██ ████ ███ ██ ████ ███ ██ ████ ███ ██ ████ ███ ██ ████ ███ ██ ████ ███ ██ ████ ███ ██ ████ ███ ██ ████ ███ ██ ████ ███ ██ ████ ███ ██ ████ ███ ██ ████ ███ ██ ████ ███ ██ ████ ███ ██ ████ ███ ██ ████ ███ ██ ████ ███ ██ ████ ███ ██ ████ ███ ██ ████ ███ ██ ████ ███ ██ ████ ███ ██ ████ ███ ██ ████ ███ ██ ████ ███ ██ ████ ███ ██ ████ ███ ██ ████ ███ ██ ████ ███ ██ ████ ███ ██ ████ ███ ██ ████ ███ ██ ████ ███ ██ ████ ███ ██ ████ ███ ██ ████ ███ ██ ████ ███ ██ ████ ███ ██ ████ ███ ██ ████ ███ ██ ████ ███ ██ ████ ███ ██ ████ ███ ██ ████ ███ ██ ████ ███ ██ ████ ███ ██ ████ ███ ██ ████ ███ ██ ████ ███ ██ ████ ███ ██ ████ ███ ██ ████ ███ ██ ████ ███ ██ ████ ███ ██ ████ ███ ██ ████ ███ ██ ████ ███ ██ ████ ███ ██ ████ ███ ██ ████ ███ ██ ████ ███ ██ ████ ███ ██ ████ ███ ██ ████ ███ ██ ████ ███ ██ ████ ███ ██ ████ ███ ██ ████ ███ ██ ████ ███ ██ ████ ███ ██ ████
Das Deutsche Theater in Stockholm.
███ ██ ████ ███ ██ ████ ███ ██ ████ ███ ██ ████ ███ ██ ████ ███ ██ ████ ███ ██ ████ ███ ██ ████ ███ ██ ████ ███ ██ ████ ███ ██ ████ ███ ██ ████ ███ ██ ████ ███ ██ ████ ███ ██ ████ ███ ██ ████ ███ ██ ████ ███ ██ ████ ███ ██ ████ ███ ██ ████ ███ ██ ████ ███ ██ ████ ███ ██ ████ ███ ██ ████ ███ ██ ████ ███ ██ ████ ███ ██ ████ ███ ██ ████ ███ ██ ████ ███ ██ ████ ███ ██ ████ ███ ██ ████ ███ ██ ████ ███ ██ ████ ███ ██ ████ ███ ██ ████ ███ ██ ████ ███ ██ ████ ███ ██ ████ ███ ██ ████ ███ ██ ████ ███ ██ ████ ███ ██ ████ ███ ██ ████ ███ ██ ████ ███ ██ ████ ███ ██ ████ ███ ██ ████ ███ ██ ████ ███ ██ ████ ███ ██ ████ ███ ██ ████ ███ ██ ████ ███ ██ ████ ███ ██ ████ ███ ██ ████ ███ ██ ████ ███ ██ ████ ███ ██ ████ ███ ██ ████ ███ ██ ████ ███ ██ ████ ███ ██ ████ ███ ██ ████ ███ ██ ████ ███ ██ ████ ███ ██ ████ ███ ██ ████ ███ ██ ████ ███ ██ ████ ███ ██ ████ ███ ██ ████ ███ ██ ████ ███ ██ ████ ███ ██ ████ ███ ██ ████ ███ ██ ████ ███ ██ ████ ███ ██ ████ ███ ██ ████ ███ ██ ████ ███ ██ ████ ███ ██ ████ ███ ██ ████ ███ ██ ████ ███ ██ ████ ███ ██ ████ ███ ██ ████ ███ ██ ████ ███ ██ ████ ███ ██ ████ ███ ██ ████ ███ ██ ████ ███ ██ ████ ███ ██ ████ ███ ██ ████ ███ ██ ████ ███ ██ ████ ███ ██ ████ ███ ██ ████ ███ ██ ████ ███ ██ ████ ███ ██ ████ ███ ██ ████ ███ ██ ████ ███ ██ ████ ███ ██ ████ ███ ██ ████ ███ ██ ████ ███ ██ ████ ███ ██ ████ ███ ██ ████ ███ ██ ████ ███ ██ ████ ███ ██ ████ ███ ██ ████ ███ ██ ████ ███ ██ ████ ███ ██ ████ ███ ██ ████ ███ ██ ████ ███ ██ ████ ███ ██ ████ ███ ██ ████ ███ ██ ████ ███ ██ ████ ███ ██ ████ ███ ██ ████ ███ ██ ████ ███ ██ ████ ███ ██ ████ ███ ██ ████ ███ ██ ████ ███ ██ ████ ███ ██ ████ ███ ██ ████ ███ ██ ████ ███ ██ ████ ███ ██ ████ ███ ██ ████ ███ ██ ████ ███ ██ ████ ███ ██ ████ ███ ██ ████ ███ ██ ████ ███ ██ ████ ███ ██ ████ ███ ██ ████ ███ ██ ████ ███ ██ ████ ███ ██ ████ ███ ██ ████ ███ ██ ████ ███ ██ ████ ███ ██ ████ ███ ██ ████ ███ ██ ████ ███ ██ ████ ███ ██ ████ ███ ██ ████ ███ ██ ████ ███ ██ ████ ███ ██ ████ ███ ██ ████ ███ ██ ████ ███ ██ ████ ███ ██ ████ ███ ██ ████ ███ ██ ████ ███ ██ ████ ███ ██ ████ ███ ██ ████ ███ ██ ████ ███ ██ ████ ███ ██ ████ ███ ██ ████ ███ ██ ████ ███ ██ ████ ███ ██ ████ ███ ██ ████ ███ ██ ████ ███ ██ ████ ███ ██ ████ ███ ██ ████ ███ ██ ████ ███ ██ ████ ███ ██ ████ ███ ██ ████ ███ ██ ████ ███ ██ ████ ███ ██ ████ ███ ██ ████ ███ ██ ████ ███ ██ ████ ███ ██ ████ ███ ██ ████ ███ ██ ████ ███ ██ ████ ███ ██ ████ ███ ██ ████ ███ ██ ████ ███ ██ ████ ███ ██ ████ ███ ██ ████ ███ ██ ████ ███ ██ ████ ███ ██ ████ ███ ██ ████ ███ ██ ████ ███ ██ ████ ███ ██ ████ ███ ██ ████ ███ ██ ████ ███ ██ ████ ███ ██ ████ ███ ██ ████ ███ ██ ████ ███ ██ ████ ███ ██ ████ ███ ██ ████ ███ ██ ████ ███ ██ ████ ███ ██ ████ ███ ██ ████ ███ ██ ████ ███ ██ ████ ███ ██ ████ ███ ██ ████ ███ ██ ████ ███ ██ ████ ███ ██ ████ ███ ██ ████ ███ ██ ████ ███ ██ ████ ███ ██ ████ ███ ██ ████ ███ ██ ████ ███ ██ ████ ███ ██ ████ ███ ██ ████ ███ ██ ████ ███ ██ ████ ███ ██ ████ ███ ██ ████ ███ ██ ████ ███ ██ ████ ███ ██ ████ ███ ██ ████ ███ ██ ████ ███ ██ ████ ███ ██ ████ ███ ██ ████ ███ ██ ████ ███ ██ ████ ███ ██ ████ ███ ██ ████ ███ ██ ████ ███ ██ ████ ███ ██ ████ ███ ██ ████ ███ ██ ████ ███ ██ ████ ███ ██ ████ ███ ██ ████ ███ ██ ████ ███ ██ ████ ███ ██ ████ ███ ██ ████ ███ ██ ████ ███ ██ ████ ███ ██ ████ ███ ██ ████ ███ ██ ████ ███ ██ ████ ███ ██ ████ ███ ██ ████ ███ ██ ████ ███ ██ ████ ███ ██ ████ ███ ██ ████ ███ ██ ████ ███ ██ ████ ███ ██ ████ ███ ██ ████ ███ ██ ████ ███ ██ ████ ███ ██ ████ ███ ██ ████ ███ ██ ████ ███ ██ ████ ███ ██ ████ ███ ██ ████ ███ ██ ████ ███ ██ ████ ███ ██ ████ ███ ██ ████ ███ ██ ████ ███ ██ ████ ███ ██ ████ ███ ██ ████ ███ ██ ████ ███ ██ ████ ███ ██ ████ ███ ██ ████ ███ ██ ████ ███ ██ ████ ███ ██ ████ ███ ██ ████ ███ ██ ████ ███ ██ ████ ███ ██ ████ ███ ██ ████ ███ ██ ████ ███ ██ ████ ███ ██ ████ ███ ██ ████ ███ ██ ████ ███ ██ ████ ███ ██ ████ ███ ██ ████
Der Seekrieg.
███ ██ ████ ███ ██ ████ ███ ██ ████ ███ ██ ████ ███ ██ ████ ███ ██ ████ ███ ██ ████ ███ ██ ████ ███ ██ ████ ███ ██ ████ ███ ██ ████ ███ ██ ████ ███ ██ ████ ███ ██ ████ ███ ██ ████ ███ ██ ████ ███ ██ ████ ███ ██ ████ ███ ██ ████ ███ ██ ████ ███ ██ ████ ███ ██ ████ ███ ██ ████ ███ ██ ████ ███ ██ ████ ███ ██ ████ ███ ██ ████ ███ ██ ████ ███ ██ ████ ███ ██ ████ ███ ██ ████ ███ ██ ████ ███ ██ ████ ███ ██ ████ ███ ██ ████ ███ ██ ████ ███ ██ ████ ███ ██ ████ ███ ██ ████ ███ ██ ████ ███ ██ ████ ███ ██ ████ ███ ██ ████ ███ ██ ████ ███ ██ ████ ███ ██ ████ ███ ██ ████ ███ ██ ████ ███ ██ ████ ███ ██ ████ ███ ██ ████ ███ ██ ████ ███ ██ ████ ███ ██ ████ ███ ██ ████ ███ ██ ████ ███ ██ ████ ███ ██ ████ ███ ██ ████ ███ ██ ████ ███ ██ ████ ███ ██ ████ ███ ██ ████ ███ ██ ████ ███ ██ ████ ███ ██ ████ ███ ██ ████ ███ ██ ████ ███ ██ ████ ███ ██ ████ ███ ██ ████ ███ ██ ████ ███ ██ ████ ███ ██ ████ ███ ██ ████ ███ ██ ████ ███ ██ ████ ███ ██ ████ ███ ██ ████ ███ ██ ████ ███ ██ ████ ███ ██ ████ ███ ██ ████ ███ ██ ████ ███ ██ ████ ███ ██ ████ ███ ██ ████ ███ ██ ████ ███ ██ ████ ███ ██ ████ ███ ██ ████ ███ ██ ████ ███ ██ ████ ███ ██ ████ ███ ██ ████ ███ ██ ████ ███ ██ ████ ███ ██ ████ ███ ██ ████ ███ ██ ████ ███ ██ ████ ███ ██ ████ ███ ██ ████ ███ ██ ████ ███ ██ ████ ███ ██ ████ ███ ██ ████ ███ ██ ████ ███ ██ ████ ███ ██ ████ ███ ██ ████ ███ ██ ████ ███ ██ ████ ███ ██ ████ ███ ██ ████ ███ ██ ████ ███ ██ ████ ███ ██ ████ ███ ██ ████ ███ ██ ████ ███ ██ ████ ███ ██ ████ ███ ██ ████ ███ ██ ████ ███ ██ ████ ███ ██ ████ ███ ██ ████ ███ ██ ████ ███ ██ ████ ███ ██ ████ ███ ██ ████ ███ ██ ████ ███ ██ ████ ███ ██ ████ ███ ██ ████ ███ ██ ████ ███ ██ ████ ███ ██ ████ ███ ██ ████ ███ ██ ████ ███ ██ ████ ███ ██ ████ ███ ██ ████ ███ ██ ████ ███ ██ ████ ███ ██ ████ ███ ██ ████ ███ ██ ████ ███ ██ ████ ███ ██ ████ ███ ██ ████ ███ ██ ████ ███ ██ ████ ███ ██ ████ ███ ██ ████ ███ ██ ████ ███ ██ ████ ███ ██ ████ ███ ██ ████ ███ ██ ████ ███ ██ ████ ███ ██ ████ ███ ██ ████ ███ ██ ████ ███ ██ ████ ███ ██ ████ ███ ██ ████ ███ ██ ████ ███ ██ ████ ███ ██ ████ ███ ██ ████ ███ ██ ████ ███ ██ ████ ███ ██ ████ ███ ██ ████ ███ ██ ████ ███ ██ ████ ███ ██ ████ ███ ██ ████ ███ ██ ████ ███ ██ ████ ███ ██ ████ ███ ██ ████ ███ ██ ████ ███ ██ ████ ███ ██ ████ ███ ██ ████ ███ ██ ████ ███ ██ ████ ███ ██ ████ ███ ██ ████ ███ ██ ████ ███ ██ ████ ███ ██ ████ ███ ██ ████ ███ ██ ████ ███ ██ ████ ███ ██ ████ ███ ██ ████ ███ ██ ████ ███ ██ ████ ███ ██ ████ ███ ██ ████ ███ ██ ████ ███ ██ ████ ███ ██ ████ ███ ██ ████ ███ ██ ████ ███ ██ ████ ███ ██ ████ ███ ██ ████ ███ ██ ████ ███ ██ ████ ███ ██ ████ ███ ██ ████ ███ ██ ████ ███ ██ ████ ███ ██ ████ ███ ██ ████ ███ ██ ████ ███ ██ ████ ███ ██ ████ ███ ██ ████ ███ ██ ████ ███ ██ ████ ███ ██ ████ ███ ██ ████ ███ ██ ████ ███ ██ ████ ███ ██ ████ ███ ██ ████ ███ ██ ████ ███ ██ ████ ███ ██ ████ ███ ██ ████ ███ ██ ████ ███ ██ ████ ███ ██ ████ ███ ██ ████ ███ ██ ████ ███ ██ ████ ███ ██ ████ ███ ██ ████ ███ ██ ████ ███ ██ ████ ███ ██ ████ ███ ██ ████ ███ ██ ████ ███ ██ ████ ███ ██ ████ ███ ██ ████ ███ ██ ████ ███ ██ ████ ███ ██ ████ ███ ██ ████ ███ ██ ████ ███ ██ ████ ███ ██ ████ ███ ██ ████ ███ ██ ████ ███ ██ ████ ███ ██ ████ ███ ██ ████ ███ ██ ████ ███ ██ ████ ███ ██ ████ ███ ██ ████ ███ ██ ████ ███ ██ ████ ███ ██ ████ ███ ██ ████ ███ ██ ████ ███ ██ ████ ███ ██ ████ ███ ██ ████ ███ ██ ████ ███ ██ ████ ███ ██ ████ ███ ██ ████ ███ ██ ████ ███ ██ ████ ███ ██ ████ ███ ██ ████ ███ ██ ████ ███ ██ ████ ███ ██ ████ ███ ██ ████ ███ ██ ████ ███ ██ ████ ███ ██ ████ ███ ██ ████ ███ ██ ████ ███ ██ ████ ███ ██ ████ ███ ██ ████ ███ ██ ████ ███ ██ ████ ███ ██ ████ ███ ██ ████ ███ ██ ████ ███ ██ ████ ███ ██ ████ ███ ██ ████ ███ ██ ████ ███ ██ ████ ███ ██ ████ ███ ██ ████ ███ ██ ████ ███ ██ ████ ███ ██ ████ ███ ██ ████ ███ ██ ████ ███ ██ ████ ███ ██ ████ ███ ██ ████ ███ ██ ████ ███ ██ ████ ███ ██ ████ ███ ██ ████ ███ ██ ████ ███ ██ ████ ███ ██ ████ ███ ██ ████ ███ ██ ████ ███ ██ ████ ███ ██ ████ ███ ██ ████ ███ ██ ████ ███ ██ ████ ███ ██ ████ ███ ██ ████ ███ ██ ████ ███ ██ ████ ███ ██ ████ ███ ██ ████ ███ ██ ████ ███ ██ ████ ███ ██ ████ ███ ██ ████ ███ ██ ████ ███ ██ ████ ███ ██ ████ ███ ██ ████ ███ ██ ████ ███ ██ ████ ███ ██ ████ ███ ██ ████ ███ ██ ████ ███ ██ ████ ███ ██ ████ ███ ██ ████ ███ ██ ████ ███ ██ ████ ███ ██ ████ ███ ██ ████ ███ ██ ████ ███ ██ ████ ███ ██ ████ ███ ██ ████ ███ ██ ████ ███ ██ ████ ███ ██ ████ ███ ██ ████ ███ ██ ████ ███ ██ ████ ███ ██ ████ ███ ██ ████ ███ ██ ████ ███ ██ ████ ███ ██ ████ ███ ██ ████ ███ ██ ████ ███ ██ ████ ███ ██ ████ ███ ██ ████ ███ ██ ████ ███ ██ ████ ███ ██ ████ ███ ██ ████ ███ ██ ████ ███ ██ ████ ███ ██ ████ ███ ██ ████ ███ ██ ████ ███ ██ ████ ███ ██ ████ ███ ██ ████ ███ ██ ████ ███ ██ ████ ███ ██ ████ ███ ██ ████ ███ ██ ████ ███ ██ ████ ███ ██ ████ ███ ██ ████ ███ ██ ████ ███ ██ ████ ███ ██ ████ ███ ██ ████ ███ ██ ████ ███ ██ ████ ███ ██ ████ ███ ██ ████ ███ ██ ████ ███ ██ ████ ███ ██ ████ ███ ██ ████ ███ ██ ████ ███ ██ ████ ███ ██ ████ ███ ██ ████ ███ ██ ████ ███ ██ ████ ███ ██ ████ ███ ██ ████ ███ ██ ████ ███ ██ ████ ███ ██ ████ ███ ██ ████ ███ ██ ████ ███ ██ ████ ███ ██ ████ ███ ██ ████ ███ ██ ████ ███ ██ ████ ███ ██ ████ ███ ██ ████ ███ ██ ████ ███ ██ ████ ███ ██ ████ ███ ██ ████ ███ ██ ████ ███ ██ ████ ███ ██ ████ ███ ██ ████ ███ ██ ████ ███ ██ ████ ███ ██ ████ ███ ██ ████ ███ ██ ████ ███ ██ ████ ███ ██ ████ ███ ██ ████ ███ ██ ████ ███ ██ ████ ███ ██ ████ ███ ██ ████ ███ ██ ████ ███ ██ ████ ███ ██ ████ ███ ██ ████ ███ ██ ████ ███ ██ ████ ███ ██ ████ ███ ██ ████ ███ ██ ████ ███ ██ ████ ███ ██ ████ ███ ██ ████ ███ ██ ████ ███ ██ ████ ███ ██ ████ ███ ██ ████ ███ ██ ████ ███ ██ ████ ███ ██ ████ ███ ██ ████ ███ ██ ████ ███ ██ ████ ███ ██ ████ ███ ██ ████ ███ ██ ████ ███ ██ ████ ███ ██ ████ ███ ██ ████ ███ ██ ████ ███ ██ ████ ███ ██ ████ ███ ██ ████ ███ ██ ████ ███ ██ ████ ███ ██ ████ ███ ██ ████ ███ ██ ████ ███ ██ ████ ███ ██ ████ ███ ██ ████ ███ ██ ████ ███ ██ ████ ███ ██ ████ ███ ██ ████ ███ ██ ████ ███ ██ ████ ███ ██ ████ ███ ██ ████ ███ ██ ████ ███ ██ ████ ███ ██ ████ ███ ██ ████ ███ ██ ████ ███ ██ ████ ███ ██ ████ ███ ██ ████ ███ ██ ████ ███ ██ ████ ███ ██ ████ ███ ██ ████ ███ ██ ████ ███ ██ ████ ███ ██ ████ ███ ██ ████ ███ ██ ████ ███ ██ ████ ███ ██ ████ ███ ██ ████ ███ ██ ████ ███ ██ ████ ███ ██ ████ ███ ██ ████ ███ ██ ████ ███ ██ ████ ███ ██ ████ ███ ██ ████ ███ ██ ████ ███ ██ ████ ███ ██ ████ ███ ██ ████ ███ ██ ████ ███ ██ ████ ███ ██ ████ ███ ██ ████ ███ ██ ████ ███ ██ ████ ███ ██ ████ ███ ██ ████ ███ ██ ████ ███ ██ ████ ███ ██ ████ ███ ██ ████ ███ ██ ████ ███ ██ ████ ███ ██ ████ ███ ██ ████ ███ ██ ████ ███ ██ ████ ███ ██ ████ ███ ██ ████ ███ ██ ████ ███ ██ ████ ███ ██ ████ ███ ██ ████ ███ ██ ████ ███ ██ ████ ███ ██ ████ ███ ██ ████ ███ ██ ████ ███ ██ ████ ███ ██ ████ ███ ██ ████ ███ ██ ████
Frankfurter Angelegenheiten.
███ ██ ████ ███ ██ ████ ███ ██ ████ ███ ██ ████ ███ ██ ████ ███ ██ ████ ███ ██ ████ ███ ██ ████ ███ ██ ████ ███ ██ ████ ███ ██ ████ ███ ██ ████ ███ ██ ████ ███ ██ ████ ███ ██ ████ ███ ██ ████ ███ ██ ████ ███ ██ ████ ███ ██ ████ ███ ██ ████ ███ ██ ████ ███ ██ ████ ███ ██ ████ ███ ██ ████ ███ ██ ████ ███ ██ ████ ███ ██ ████ ███ ██ ████ ███ ██ ████ ███ ██ ████ ███ ██ ████ ███ ██ ████ ███ ██ ████ ███ ██ ████ ███ ██ ████ ███ ██ ████ ███ ██ ████ ███ ██ ████ ███ ██ ████ ███ ██ ████ ███ ██ ████ ███ ██ ████ ███ ██ ████ ███ ██ ████ ███ ██ ████ ███ ██ ████ ███ ██ ████ ███ ██ ████ ███ ██ ████ ███ ██ ████ ███ ██ ████ ███ ██ ████ ███ ██ ████ ███ ██ ████ ███ ██ ████ ███ ██ ████ ███ ██ ████ ███ ██ ████ ███ ██ ████ ███ ██ ████ ███ ██ ████ ███ ██ ████ ███ ██ ████ ███ ██ ████ ███ ██ ████ ███ ██ ████ ███ ██ ████ ███ ██ ████ ███ ██ ████ ███ ██ ████ ███ ██ ████ ███ ██ ████ ███ ██ ████ ███ ██ ████ ███ ██ ████ ███ ██ ████ ███ ██ ████ ███ ██ ████ ███ ██ ████ ███ ██ ████ ███ ██ ████ ███ ██ ████ ███ ██ ████ ███ ██ ████ ███ ██ ████ ███ ██ ████ ███ ██ ████ ███ ██ ████ ███ ██ ████ ███ ██ ████ ███ ██ ████ ███ ██ ████ ███ ██ ████ ███ ██ ████ ███ ██ ████ ███ ██ ████ ███ ██ ████ ███ ██ ████ ███ ██ ████ ███ ██ ████ ███ ██ ████ ███ ██ ████ ███ ██ ████ ███ ██ ████ ███ ██ ████ ███ ██ ████ ███ ██ ████ ███ ██ ████ ███ ██ ████ ███ ██ ████ ███ ██ ████ ███ ██ ████ ███ ██ ████ ███ ██ ████ ███ ██ ████ ███ ██ ████ ███ ██ ████ ███ ██ ████ ███ ██ ████ ███ ██ ████ ███ ██ ████ ███ ██ ████ ███ ██ ████ ███ ██ ████ ███ ██ ████ ███ ██ ████ ███ ██ ████ ███ ██ ████ ███ ██ ████ ███ ██ ████ ███ ██ ████ ███ ██ ████ ███ ██ ████ ███ ██ ████ ███ ██ ████ ███ ██ ████ ███ ██ ████ ███ ██ ████ ███ ██ ████ ███ ██ ████ ███ ██ ████ ███ ██ ████ ███ ██ ████ ███ ██ ████ ███ ██ ████ ███ ██ ████ ███ ██ ████ ███ ██ ████ ███ ██ ████ ███ ██ ████ ███ ██ ████ ███ ██ ████ ███ ██ ████ ███ ██ ████ ███ ██ ████ ███ ██ ████ ███ ██ ████ ███ ██ ████ ███ ██ ████ ███ ██ ████ ███ ██ ████ ███ ██ ████ ███ ██ ████ ███ ██ ████ ███ ██ ████ ███ ██ ████ ███ ██ ████ ███ ██ ████ ███ ██ ████ ███ ██ ████ ███ ██ ████ ███ ██ ████ ███ ██ ████ ███ ██ ████ ███ ██ ████ ███ ██ ████ ███ ██ ████ ███ ██ ████ ███ ██ ████ ███ ██ ████ ███ ██ ████ ███ ██ ████ ███ ██ ████ ███ ██ ████ ███ ██ ████ ███ ██ ████ ███ ██ ████ ███ ██ ████ ███ ██ ████ ███ ██ ████ ███ ██ ████ ███ ██ ████ ███ ██ ████ ███ ██ ████ ███ ██ ████ ███ ██ ████ ███ ██ ████ ███ ██ ████ ███ ██ ████ ███ ██ ████ ███ ██ ████ ███ ██ ████ ███ ██ ████ ███ ██ ████ ███ ██ ████ ███ ██ ████ ███ ██ ████ ███ ██ ████ ███ ██ ████ ███ ██ ████ ███ ██ ████ ███ ██ ████ ███ ██ ████ ███ ██ ████ ███ ██ ████ ███ ██ ████ ███ ██ ████ ███ ██ ████ ███ ██ ████ ███ ██ ████ ███ ██ ████ ███ ██ ████ ███ ██ ████ ███ ██ ████ ███ ██ ████ ███ ██ ████ ███ ██ ████ ███ ██ ████ ███ ██ ████ ███ ██ ████ ███ ██ ████ ███ ██ ████ ███ ██ ████ ███ ██ ████ ███ ██ ████ ███ ██ ████ ███ ██ ████ ███ ██ ████ ███ ██ ████ ███ ██ ████ ███ ██ ████ ███ ██ ████ ███ ██ ████ ███ ██ ████ ███ ██ ████ ███ ██ ████ ███ ██ ████ ███ ██ ████ ███ ██ ████ ███ ██ ████ ███ ██ ████ ███ ██ ████ ███ ██ ████ ███ ██ ████ ███ ██ ████ ███ ██ ████ ███ ██ ████ ███ ██ ████ ███ ██ ████ ███ ██ ████ ███ ██ ████ ███ ██ ████ ███ ██ ████ ███ ██ ████ ███ ██ ████ ███ ██ ████ ███ ██ ████ ███ ██ ████ ███ ██ ████ ███ ██ ████ ███ ██ ████ ███ ██ ████ ███ ██ ████ ███ ██ ████ ███ ██ ████ ███ ██ ████ ███ ██ ████ ███ ██ ████ ███ ██ ████ ███ ██ ████ ███ ██ ████ ███ ██ ████ ███ ██ ████ ███ ██ ████ ███ ██ ████ ███ ██ ████ ███ ██ ████ ███ ██ ████ ███ ██ ████ ███ ██ ████ ███ ██ ████ ███ ██ ████ ███ ██ ████ ███ ██ ████ ███ ██ ████ ███ ██ ████ ███ ██ ████ ███ ██ ████ ███ ██ ████ ███ ██ ████ ███ ██ ████ ███ ██ ████ ███ ██ ████ ███ ██ ████ ███ ██ ████ ███ ██ ████ ███ ██ ████ ███ ██ ████ ███ ██ ████ ███ ██ ████ ███ ██ ████ ███ ██ ████ ███ ██ ████ ███ ██ ████ ███ ██ ████ ███ ██ ████ ███ ██ ████ ███ ██ ████ ███ ██ ████ ███ ██ ████ ███ ██ ████ ███ ██ ████ ███ ██ ████ ███ ██ ████ ███ ██ ████ ███ ██ ████ ███ ██ ████ ███ ██ ████ ███ ██ ████ ███ ██ ████ ███ ██ ████ ███ ██ ████ ███ ██ ████ ███ ██ ████ ███ ██ ████ ███ ██ ████ ███ ██ ████ ███ ██ ████ ███ ██ ████ ███ ██ ████ ███ ██ ████ ███ ██ ████ ███ ██ ████ ███ ██ ████ ███ ██ ████ ███ ██ ████ ███ ██ ████ ███ ██ ████ ███ ██ ████ ███ ██ ████ ███ ██ ████ ███ ██ ████ ███ ██ ████ ███ ██ ████ ███ ██ ████ ███ ██ ████ ███ ██ ████ ███ ██ ████ ███ ██ ████ ███ ██ ████ ███ ██ ████ ███ ██ ████ ███ ██ ████ ███ ██ ████ ███ ██ ████ ███ ██ ████ ███ ██ ████ ███ ██ ████ ███ ██ ████ ███ ██ ████ ███ ██ ████ ███ ██ ████ ███ ██ ████ ███ ██ ████ ███ ██ ████ ███ ██ ████ ███ ██ ████ ███ ██ ████ ███ ██ ████ ███ ██ ████ ███ ██ ████ ███ ██ ████ ███ ██ ████ ███ ██ ████ ███ ██ ████ ███ ██ ████ ███ ██ ████ ███ ██ ████ ███ ██ ████ ███ ██ ████ ███ ██ ████ ███ ██ ████ ███ ██ ████ ███ ██ ████ ███ ██ ████ ███ ██ ████ ███ ██ ████ ███ ██ ████ ███ ██ ████ ███ ██ ████ ███ ██ ████ ███ ██ ████ ███ ██ ████ ███ ██ ████ ███ ██ ████ ███ ██ ████ ███ ██ ████ ███ ██ ████ ███ ██ ████ ███ ██ ████ ███ ██ ████ ███ ██ ████ ███ ██ ████ ███ ██ ████ ███ ██ ████ ███ ██ ████ ███ ██ ████ ███ ██ ████ ███ ██ ████ ███ ██ ████ ███ ██ ████ ███ ██ ████ ███ ██ ████ ███ ██ ████ ███ ██ ████ ███ ██ ████ ███ ██ ████ ███ ██ ████ ███ ██ ████ ███ ██ ████ ███ ██ ████ ███ ██ ████ ███ ██ ████ ███ ██ ████ ███ ██ ████ ███ ██ ████ ███ ██ ████ ███ ██ ████ ███ ██ ████ ███ ██ ████ ███ ██ ████ ███ ██ ████ ███ ██ ████ ███ ██ ████ ███ ██ ████ ███ ██ ████ ███ ██ ████ ███ ██ ████ ███ ██ ████ ███ ██ ████ ███ ██ ████ ███ ██ ████ ███ ██ ████ ███ ██ ████ ███ ██ ████ ███ ██ ████ ███ ██ ████ ███ ██ ████ ███ ██ ████ ███ ██ ████ ███ ██ ████ ███ ██ ████ ███ ██ ████ ███ ██ ████ ███ ██ ████ ███ ██ ████ ███ ██ ████ ███ ██ ████ ███ ██ ████ ███ ██ ████ ███ ██ ████ ███ ██ ████ ███ ██ ████ ███ ██ ████ ███ ██ ████ ███ ██ ████ ███ ██ ████ ███ ██ ████ ███ ██ ████ ███ ██ ████ ███ ██ ████ ███ ██ ████ ███ ██ ████ ███ ██ ████ ███ ██ ████ ███ ██ ████ ███ ██ ████ ███ ██ ████ ███ ██ ████ ███ ██ ████ ███ ██ ████ ███ ██ ████ ███ ██ ████ ███ ██ ████ ███ ██ ████ ███ ██ ████ ███ ██ ████ ███ ██ ████ ███ ██ ████ ███ ██ ████ ███ ██ ████ ███ ██ ████ ███ ██ ████ ███ ██ ████ ███ ██ ████ ███ ██ ████ ███ ██ ████ ███ ██ ████ ███ ██ ████ ███ ██ ████ ███ ██ ████ ███ ██ ████ ███ ██ ████ ███ ██ ████ ███ ██ ████ ███ ██ ████ ███ ██ ████ ███ ██ ████ ███ ██ ████ ███ ██ ████ ███ ██ ████ ███ ██ ████ ███ ██ ████ ███ ██ ████ ███ ██ ████ ███ ██ ████ ███ ██ ████ ███ ██ ████ ███ ██ ████ ███ ██ ████ ███ ██ ████ ███ ██ ████ ███ ██ ████ ███ ██ ████ ███ ██ ████ ███ ██ ████ ███ ██ ████ ███ ██ ████ ███ ██ ████ ███ ██ ████ ███ ██ ████ ███ ██ ████ ███ ██ ████ ███ ██ ████ ███ ██ ████ ███ ██ ████ ███ ██ ████ ███ ██ ████ ███ ██ ████ ███ ██ ████ ███ ██ ████ ███ ██ ████ ███ ██ ████ ███ ██ ████ ███ ██ ████ ███ ██ ████ ███ ██ ████ ███ ██ ████ ███ ██ ████ ███ ██ ████ ███ ██ ████ ███ ██ ████ ███ ██ ████ ███ ██ ████ ███ ██ ████ ███ ██ ████ ███ ██ ████ ███ ██ ████ ███ ██ ████ ███ ██ ████ ███ ██ ████ ███ ██ ████ ███ ██ ████ ███ ██ ████ ███ ██ ████ ███ ██ ████ ███ ██ ████ ███ ██ ████ ███ ██ ████ ███ ██ ████ ███ ██ ████ ███ ██ ████ ███ ██ ████ ███ ██ ████ ███ ██ ████ ███ ██ ████ ███ ██ ████ ███ ██ ████ ███ ██ ████ ███ ██ ████ ███ ██ ████ ███ ██ ████ ███ ██ ████ ███ ██ ████ ███ ██ ████ ███ ██ ████ ███ ██ ████ ███ ██ ████ ███ ██ ████ ███ ██ ████ ███ ██ ████ ███ ██ ████ ███ ██ ████ ███ ██ ████ ███ ██ ████ ███ ██ ████ ███ ██ ████ ███ ██ ████ ███ ██ ████ ███ ██ ████ ███ ██ ████ ███ ██ ████ ███ ██ ████ ███ ██ ████ ███ ██ ████ ███ ██ ████ ███ ██ ████ ███ ██ ████ ███ ██ ████ ███ ██ ████ ███ ██ ████ ███ ██ ████ ███ ██ ████ ███ ██ ████ ███ ██ ████ ███ ██ ████ ███ ██ ████ ███ ██ ████ ███ ██ ████ ███ ██ ████ ███ ██ ████ ███ ██ ████ ███ ██ ████ ███ ██ ████ ███ ██ ████ ███ ██ ████ ███ ██ ████ ███ ██ ████ ███ ██ ████ ███ ██ ████ ███ ██ ████ ███ ██ ████ ███ ██ ████ ███ ██ ████ ███ ██ ████ ███ ██ ████ ███ ██ ████ ███ ██ ████ ███ ██ ████ ███ ██ ████ ███ ██ ████ ███ ██ ████ ███ ██ ████ ███ ██ ████ ███ ██ ████ ███ ██ ████ ███ ██ ████ ███ ██ ████ ███ ██ ████ ███ ██ ████ ███ ██ ████ ███ ██ ████ ███ ██ ████ ███ ██ ████ ███ ██ ████ ███ ██ ████ ███ ██ ████ ███ ██ ████ ███ ██ ████ ███ ██ ████ ███ ██ ████ ███ ██ ████ ███ ██ ████ ███ ██ ████ ███ ██ ████ ███ ██ ████ ███ ██ ████ ███ ██ ████ ███ ██ ████ ███ ██ ████ ███ ██ ████ ███ ██ ████ ███ ██ ████ ███ ██ ████ ███ ██ ████ ███ ██ ████ ███ ██ ████ ███ ██ ████ ███ ██ ████ ███ ██ ████ ███ ██ ████ ███ ██ ████ ███ ██ ████ ███ ██ ████ ███ ██ ████ ███ ██ ████ ███ ██ ████ ███ ██ ████ ███ ██ ████ ███ ██ ████
Freitag, 4. Mai
███ ██ ████ ███ ██ ████ ███ ██ ████ ███ ██ ████ ███ ██ ████ ███ ██ ████ ███ ██ ████ ███ ██ ████ ███ ██ ████ ███ ██ ████ ███ ██ ████ ███ ██ ████ ███ ██ ████ ███ ██ ████ ███ ██ ████ ███ ██ ████ ███ ██ ████ ███ ██ ████ ███ ██ ████ ███ ██ ████ ███ ██ ████ ███ ██ ████ ███ ██ ████ ███ ██ ████ ███ ██ ████ ███ ██ ████ ███ ██ ████ ███ ██ ████ ███ ██ ████ ███ ██ ████ ███ ██ ████ ███ ██ ████ ███ ██ ████ ███ ██ ████ ███ ██ ████ ███ ██ ████ ███ ██ ████ ███ ██ ████ ███ ██ ████ ███ ██ ████ ███ ██ ████ ███ ██ ████ ███ ██ ████ ███ ██ ████ ███ ██ ████ ███ ██ ████ ███ ██ ████ ███ ██ ████ ███ ██ ████ ███ ██ ████ ███ ██ ████ ███ ██ ████ ███ ██ ████ ███ ██ ████ ███ ██ ████ ███ ██ ████ ███ ██ ████ ███ ██ ████ ███ ██ ████ ███ ██ ████ ███ ██ ████ ███ ██ ████ ███ ██ ████ ███ ██ ████ ███ ██ ████ ███ ██ ████ ███ ██ ████ ███ ██ ████ ███ ██ ████ ███ ██ ████ ███ ██ ████ ███ ██ ████ ███ ██ ████ ███ ██ ████ ███ ██ ████ ███ ██ ████ ███ ██ ████ ███ ██ ████ ███ ██ ████ ███ ██ ████ ███ ██ ████ ███ ██ ████ ███ ██ ████ ███ ██ ████ ███ ██ ████ ███ ██ ████ ███ ██ ████ ███ ██ ████ ███ ██ ████ ███ ██ ████ ███ ██ ████ ███ ██ ████ ███ ██ ████ ███ ██ ████ ███ ██ ████ ███ ██ ████ ███ ██ ████ ███ ██ ████ ███ ██ ████ ███ ██ ████ ███ ██ ████ ███ ██ ████ ███ ██ ████ ███ ██ ████ ███ ██ ████ ███ ██ ████ ███ ██ ████ ███ ██ ████ ███ ██ ████ ███ ██ ████

███ ██ ████ ███ ██ ████ ███ ██ ████ ███ ██ ████ ███ ██ ████ ███ ██ ████ ███ ██ ████ ███ ██ ████ ███ ██ ████ ███ ██ ████ ███ ██ ████ ███ ██ ████ ███ ██ ████ ███ ██ ████ ███ ██ ████ ███ ██ ████ ███ ██ ████ ███ ██ ████ ███ ██ ████ ███ ██ ████ ███ ██ ████ ███ ██ ████ ███ ██ ████ ███ ██ ████ ███ ██ ████ ███ ██ ████ ███ ██ ████ ███ ██ ████ ███ ██ ████ ███ ██ ████ ███ ██ ████ ███ ██ ████ ███ ██ ████ ███ ██ ████ ███ ██ ████ ███ ██ ████ ███ ██ ████ ███ ██ ████ ███ ██ ████ ███ ██ ████ ███ ██ ████ ███ ██ ████ ███ ██ ████ ███ ██ ████ ███ ██ ████ ███ ██ ████ ███ ██ ████ ███ ██ ████ ███ ██ ████ ███ ██ ████ ███ ██ ████ ███ ██ ████ ███ ██ ████ ███ ██ ████ ███ ██ ████ ███ ██ ████ ███ ██ ████ ███ ██ ████ ███ ██ ████ ███ ██ ████ ███ ██ ████ ███ ██ ████ ███ ██ ████ ███ ██ ████ ███ ██ ████ ███ ██ ████ ███ ██ ████ ███ ██ ████ ███ ██ ████ ███ ██ ████ ███ ██ ████ ███ ██ ████ ███ ██ ████ ███ ██ ████ ███ ██ ████ ███ ██ ████ ███ ██ ████ ███ ██ ████ ███ ██ ████ ███ ██ ████ ███ ██ ████ ███ ██ ████ ███ ██ ████ ███ ██ ████ ███ ██ ████ ███ ██ ████ ███ ██ ████ ███ ██ ████ ███ ██ ████ ███ ██ ████ ███ ██ ████ ███ ██ ████ ███ ██ ████ ███ ██ ████ ███ ██ ████ ███ ██ ████ ███ ██ ████ ███ ██ ████ ███ ██ ████ ███ ██ ████ ███ ██ ████ ███ ██ ████ ███ ██ ████ ███ ██ ████ ███ ██ ████ ███ ██ ████ ███ ██ ████ ███ ██ ████ ███ ██ ████ ███ ██ ████
Frankfurter Handelsblatt.
Wiedergabe und sinnliche Verbreitung der Artikel mit • und der Privatnachrichten des gesamten Handelsteiles nur mit Genehmigung gestattet.
Kantonalbank von Bern.
███ ██ ████ ███ ██ ████ ███ ██ ████ ███ ██ ████ ███ ██ ████ ███ ██ ████ ███ ██ ████ ███ ██ ████ ███ ██ ████ ███ ██ ████ ███ ██ ████ ███ ██ ████ ███ ██ ████ ███ ██ ████ ███ ██ ████ ███ ██ ████ ███ ██ ████ ███ ██ ████ ███ ██ ████ ███ ██ ████ ███ ██ ████ ███ ██ ████ ███ ██ ████ ███ ██ ████ ███ ██ ████ ███ ██ ████ ███ ██ ████ ███ ██ ████ ███ ██ ████ ███ ██ ████ ███ ██ ████ ███ ██ ████ ███ ██ ████ ███ ██ ████ ███ ██ ████ ███ ██ ████ ███ ██ ████ ███ ██ ████ ███ ██ ████ ███ ██ ████ ███ ██ ████ ███ ██ ████ ███ ██ ████ ███ ██ ████ ███ ██ ████ ███ ██ ████ ███ ██ ████ ███ ██ ████ ███ ██ ████ ███ ██ ████ ███ ██ ████ ███ ██ ████ ███ ██ ████ ███ ██ ████ ███ ██ ████ ███ ██ ████ ███ ██ ████ ███ ██ ████ ███ ██ ████ ███ ██ ████ ███ ██ ████ ███ ██ ████ ███ ██ ████ ███ ██ ████ ███ ██ ████ ███ ██ ████ ███ ██ ████ ███ ██ ████ ███ ██ ████ ███ ██ ████ ███ ██ ████ ███ ██ ████ ███ ██ ████ ███ ██ ████ ███ ██ ████ ███ ██ ████ ███ ██ ████ ███ ██ ████ ███ ██ ████ ███ ██ ████ ███ ██ ████ ███ ██ ████ ███ ██ ████ ███ ██ ████ ███ ██ ████ ███ ██ ████ ███ ██ ████ ███ ██ ████ ███ ██ ████ ███ ██ ████ ███ ██ ████ ███ ██ ████ ███ ██ ████ ███ ██ ████ ███ ██ ████ ███ ██ ████ ███ ██ ████ ███ ██ ████ ███ ██ ████ ███ ██ ████ ███ ██ ████ ███ ██ ████ ███ ██ ████ ███ ██ ████ ███ ██ ████ ███ ██ ████ ███ ██ ████ ███ ██ ████ ███ ██ ████ ███ ██ ████ ███ ██ ████ ███ ██ ████ ███ ██ ████ ███ ██ ████ ███ ██ ████ ███ ██ ████ ███ ██ ████ ███ ██ ████ ███ ██ ████ ███ ██ ████ ███ ██ ████ ███ ██ ████ ███ ██ ████ ███ ██ ████ ███ ██ ████ ███ ██ ████ ███ ██ ████ ███ ██ ████ ███ ██ ████ ███ ██ ████ ███ ██ ████ ███ ██ ████ ███ ██ ████ ███ ██ ████ ███ ██ ████ ███ ██ ████ ███ ██ ████ ███ ██ ████ ███ ██ ████ ███ ██ ████ ███ ██ ████ ███ ██ ████ ███ ██ ████ ███ ██ ████ ███ ██ ████ ███ ██ ████ ███ ██ ████ ███ ██ ████ ███ ██ ████ ███ ██ ████ ███ ██ ████ ███ ██ ████ ███ ██ ████ ███ ██ ████ ███ ██ ████ ███ ██ ████ ███ ██ ████ ███ ██ ████ ███ ██ ████ ███ ██ ████
Rheinische Stahlwerke, Duisburg-Meiderich.
███ ██ ████ ███ ██ ████ ███ ██ ████ ███ ██ ████ ███ ██ ████ ███ ██ ████ ███ ██ ████ ███ ██ ████ ███ ██ ████ ███ ██ ████ ███ ██ ████ ███ ██ ████ ███ ██ ████ ███ ██ ████ ███ ██ ████ ███ ██ ████ ███ ██ ████ ███ ██ ████ ███ ██ ████ ███ ██ ████ ███ ██ ████ ███ ██ ████ ███ ██ ████ ███ ██ ████ ███ ██ ████ ███ ██ ████ ███ ██ ████ ███ ██ ████ ███ ██ ████ ███ ██ ████ ███ ██ ████ ███ ██ ████ ███ ██ ████ ███ ██ ████ ███ ██ ████ ███ ██ ████ ███ ██ ████ ███ ██ ████ ███ ██ ████ ███ ██ ████ ███ ██ ████ ███ ██ ████ ███ ██ ████ ███ ██ ████ ███ ██ ████ ███ ██ ████ ███ ██ ████ ███ ██ ████ ███ ██ ████ ███ ██ ████ ███ ██ ████ ███ ██ ████ ███ ██ ████ ███ ██ ████ ███ ██ ████ ███ ██ ████ ███ ██ ████ ███ ██ ████ ███ ██ ████ ███ ██ ████ ███ ██ ████ ███ ██ ████ ███ ██ ████ ███ ██ ████ ███ ██ ████ ███ ██ ████ ███ ██ ████ ███ ██ ████ ███ ██ ████ ███ ██ ████ ███ ██ ████ ███ ██ ████ ███ ██ ████ ███ ██ ████ ███ ██ ████ ███ ██ ████ ███ ██ ████ ███ ██ ████ ███ ██ ████ ███ ██ ████ ███ ██ ████ ███ ██ ████ ███ ██ ████ ███ ██ ████ ███ ██ ████ ███ ██ ████ ███ ██ ████ ███ ██ ████ ███ ██ ████ ███ ██ ████ ███ ██ ████ ███ ██ ████ ███ ██ ████ ███ ██ ████ ███ ██ ████ ███ ██ ████ ███ ██ ████ ███ ██ ████ ███ ██ ████ ███ ██ ████ ███ ██ ████ ███ ██ ████ ███ ██ ████ ███ ██ ████ ███ ██ ████ ███ ██ ████ ███ ██ ████ ███ ██ ████ ███ ██ ████ ███ ██ ████ ███ ██ ████ ███ ██ ████ ███ ██ ████ ███ ██ ████ ███ ██ ████ ███ ██ ████ ███ ██ ████ ███ ██ ████ ███ ██ ████ ███ ██ ████ ███ ██ ████ ███ ██ ████ ███ ██ ████ ███ ██ ████ ███ ██ ████ ███ ██ ████ ███ ██ ████ ███ ██ ████ ███ ██ ████ ███ ██ ████ ███ ██ ████ ███ ██ ████ ███ ██ ████ ███ ██ ████ ███ ██ ████ ███ ██ ████ ███ ██ ████ ███ ██ ████ ███ ██ ████ ███ ██ ████ ███ ██ ████ ███ ██ ████ ███ ██ ████ ███ ██ ████ ███ ██ ████ ███ ██ ████ ███ ██ ████ ███ ██ ████ ███ ██ ████ ███ ██ ████ ███ ██ ████ ███ ██ ████ ███ ██ ████ ███ ██ ████ ███ ██ ████ ███ ██ ████ ███ ██ ████ ███ ██ ████ ███ ██ ████ ███ ██ ████ ███ ██ ████ ███ ██ ████ ███ ██ ████ ███ ██ ████ ███ ██ ████ ███ ██ ████ ███ ██ ████ ███ ██ ████ ███ ██ ████ ███ ██ ████
Liquidation britischen Eigentums in Belgien.
███ ██ ████ ███ ██ ████ ███ ██ ████ ███ ██ ████ ███ ██ ████ ███ ██ ████ ███ ██ ████ ███ ██ ████ ███ ██ ████ ███ ██ ████ ███ ██ ████ ███ ██ ████ ███ ██ ████ ███ ██ ████ ███ ██ ████ ███ ██ ████ ███ ██ ████ ███ ██ ████ ███ ██ ████ ███ ██ ████ ███ ██ ████ ███ ██ ████ ███ ██ ████ ███ ██ ████ ███ ██ ████ ███ ██ ████ ███ ██ ████ ███ ██ ████ ███ ██ ████ ███ ██ ████ ███ ██ ████ ███ ██ ████ ███ ██ ████ ███ ██ ████ ███ ██ ████ ███ ██ ████ ███ ██ ████ ███ ██ ████ ███ ██ ████ ███ ██ ████ ███ ██ ████ ███ ██ ████ ███ ██ ████ ███ ██ ████ ███ ██ ████ ███ ██ ████ ███ ██ ████ ███ ██ ████ ███ ██ ████ ███ ██ ████ ███ ██ ████ ███ ██ ████ ███ ██ ████ ███ ██ ████ ███ ██ ████ ███ ██ ████ ███ ██ ████ ███ ██ ████ ███ ██ ████ ███ ██ ████ ███ ██ ████ ███ ██ ████ ███ ██ ████ ███ ██ ████ ███ ██ ████ ███ ██ ████ ███ ██ ████ ███ ██ ████ ███ ██ ████ ███ ██ ████ ███ ██ ████ ███ ██ ████ ███ ██ ████ ███ ██ ████ ███ ██ ████ ███ ██ ████ ███ ██ ████ ███ ██ ████ ███ ██ ████ ███ ██ ████ ███ ██ ████ ███ ██ ████ ███ ██ ████ ███ ██ ████ ███ ██ ████ ███ ██ ████ ███ ██ ████ ███ ██ ████ ███ ██ ████ ███ ██ ████ ███ ██ ████ ███ ██ ████ ███ ██ ████ ███ ██ ████ ███ ██ ████ ███ ██ ████ ███ ██ ████ ███ ██ ████ ███ ██ ████ ███ ██ ████ ███ ██ ████ ███ ██ ████ ███ ██ ████ ███ ██ ████ ███ ██ ████ ███ ██ ████ ███ ██ ████ ███ ██ ████ ███ ██ ████ ███ ██ ████
Spinnerei und Buntweberei Pierose.
███ ██ ████ ███ ██ ████ ███ ██ ████ ███ ██ ████ ███ ██ ████ ███ ██ ████ ███ ██ ████ ███ ██ ████ ███ ██ ████ ███ ██ ████ ███ ██ ████ ███ ██ ████ ███ ██ ████ ███ ██ ████ ███ ██ ████ ███ ██ ████ ███ ██ ████ ███ ██ ████ ███ ██ ████ ███ ██ ████ ███ ██ ████ ███ ██ ████ ███ ██ ████ ███ ██ ████ ███ ██ ████ ███ ██ ████ ███ ██ ████ ███ ██ ████ ███ ██ ████ ███ ██ ████ ███ ██ ████ ███ ██ ████ ███ ██ ████ ███ ██ ████ ███ ██ ████ ███ ██ ████ ███ ██ ████ ███ ██ ████ ███ ██ ████ ███ ██ ████ ███ ██ ████ ███ ██ ████ ███ ██ ████ ███ ██ ████ ███ ██ ████ ███ ██ ████ ███ ██ ████ ███ ██ ████ ███ ██ ████ ███ ██ ████ ███ ██ ████ ███ ██ ████ ███ ██ ████ ███ ██ ████ ███ ██ ████ ███ ██ ████ ███ ██ ████ ███ ██ ████ ███ ██ ████ ███ ██ ████ ███ ██ ████ ███ ██ ████ ███ ██ ████ ███ ██ ████ ███ ██ ████ ███ ██ ████ ███ ██ ████ ███ ██ ████ ███ ██ ████ ███ ██ ████ ███ ██ ████ ███ ██ ████ ███ ██ ████ ███ ██ ████ ███ ██ ████ ███ ██ ████ ███ ██ ████ ███ ██ ████ ███ ██ ████ ███ ██ ████ ███ ██ ████ ███ ██ ████ ███ ██ ████ ███ ██ ████ ███ ██ ████ ███ ██ ████ ███ ██ ████ ███ ██ ████ ███ ██ ████ ███ ██ ████ ███ ██ ████ ███ ██ ████ ███ ██ ████ ███ ██ ████ ███ ██ ████ ███ ██ ████ ███ ██ ████ ███ ██ ████ ███ ██ ████ ███ ██ ████ ███ ██ ████ ███ ██ ████ ███ ██ ████ ███ ██ ████ ███ ██ ████ ███ ██ ████ ███ ██ ████ ███ ██ ████ ███ ██ ████ ███ ██ ████
Frankfurter Hypothekenbank.
███ ██ ████ ███ ██ ████ ███ ██ ████ ███ ██ ████ ███ ██ ████ ███ ██ ████ ███ ██ ████ ███ ██ ████ ███ ██ ████ ███ ██ ████ ███ ██ ████ ███ ██ ████ ███ ██ ████ ███ ██ ████ ███ ██ ████ ███ ██ ████ ███ ██ ████ ███ ██ ████ ███ ██ ████ ███ ██ ████ ███ ██ ████ ███ ██ ████ ███ ██ ████ ███ ██ ████ ███ ██ ████ ███ ██ ████ ███ ██ ████ ███ ██ ████ ███ ██ ████ ███ ██ ████ ███ ██ ████ ███ ██ ████ ███ ██ ████ ███ ██ ████ ███ ██ ████ ███ ██ ████ ███ ██ ████ ███ ██ ████ ███ ██ ████ ███ ██ ████ ███ ██ ████ ███ ██ ████ ███ ██ ████ ███ ██ ████ ███ ██ ████ ███ ██ ████ ███ ██ ████ ███ ██ ████ ███ ██ ████ ███ ██ ████ ███ ██ ████ ███ ██ ████ ███ ██ ████ ███ ██ ████ ███ ██ ████ ███ ██ ████ ███ ██ ████ ███ ██ ████ ███ ██ ████ ███ ██ ████ ███ ██ ████ ███ ██ ████ ███ ██ ████ ███ ██ ████ ███ ██ ████ ███ ██ ████ ███ ██ ████ ███ ██ ████ ███ ██ ████ ███ ██ ████ ███ ██ ████ ███ ██ ████ ███ ██ ████ ███ ██ ████ ███ ██ ████ ███ ██ ████ ███ ██ ████ ███ ██ ████ ███ ██ ████ ███ ██ ████ ███ ██ ████ ███ ██ ████ ███ ██ ████ ███ ██ ████ ███ ██ ████ ███ ██ ████ ███ ██ ████ ███ ██ ████ ███ ██ ████ ███ ██ ████ ███ ██ ████ ███ ██ ████ ███ ██ ████ ███ ██ ████ ███ ██ ████ ███ ██ ████ ███ ██ ████ ███ ██ ████ ███ ██ ████ ███ ██ ████ ███ ██ ████ ███ ██ ████ ███ ██ ████ ███ ██ ████ ███ ██ ████ ███ ██ ████ ███ ██ ████ ███ ██ ████ ███ ██ ████ ███ ██ ████ ███ ██ ████ ███ ██ ████ ███ ██ ████ ███ ██ ████ ███ ██ ████ ███ ██ ████ ███ ██ ████ ███ ██ ████ ███ ██ ████ ███ ██ ████ ███ ██ ████ ███ ██ ████ ███ ██ ████ ███ ██ ████ ███ ██ ████ ███ ██ ████ ███ ██ ████ ███ ██ ████ ███ ██ ████ ███ ██ ████ ███ ██ ████ ███ ██ ████ ███ ██ ████ ███ ██ ████ ███ ██ ████ ███ ██ ████ ███ ██ ████ ███ ██ ████ ███ ██ ████ ███ ██ ████ ███ ██ ████ ███ ██ ████ ███ ██ ████ ███ ██ ████ ███ ██ ████ ███ ██ ████ ███ ██ ████ ███ ██ ████ ███ ██ ████ ███ ██ ████ ███ ██ ████ ███ ██ ████ ███ ██ ████ ███ ██ ████ ███ ██ ████ ███ ██ ████ ███ ██ ████ ███ ██ ████ ███ ██ ████ ███ ██ ████
Farbwerke Hoechst.
███ ██ ████ ███ ██ ████ ███ ██ ████ ███ ██ ████ ███ ██ ████ ███ ██ ████ ███ ██ ████ ███ ██ ████ ███ ██ ████ ███ ██ ████ ███ ██ ████ ███ ██ ████ ███ ██ ████ ███ ██ ████ ███ ██ ████ ███ ██ ████ ███ ██ ████ ███ ██ ████ ███ ██ ████ ███ ██ ████ ███ ██ ████ ███ ██ ████ ███ ██ ████ ███ ██ ████ ███ ██ ████ ███ ██ ████ ███ ██ ████ ███ ██ ████ ███ ██ ████ ███ ██ ████ ███ ██ ████ ███ ██ ████ ███ ██ ████ ███ ██ ████ ███ ██ ████ ███ ██ ████ ███ ██ ████ ███ ██ ████ ███ ██ ████ ███ ██ ████ ███ ██ ████ ███ ██ ████ ███ ██ ████ ███ ██ ████ ███ ██ ████ ███ ██ ████ ███ ██ ████ ███ ██ ████ ███ ██ ████ ███ ██ ████ ███ ██ ████ ███ ██ ████ ███ ██ ████ ███ ██ ████ ███ ██ ████ ███ ██ ████ ███ ██ ████ ███ ██ ████ ███ ██ ████ ███ ██ ████ ███ ██ ████ ███ ██ ████ ███ ██ ████ ███ ██ ████ ███ ██ ████ ███ ██ ████ ███ ██ ████ ███ ██ ████ ███ ██ ████ ███ ██ ████ ███ ██ ████ ███ ██ ████ ███ ██ ████ ███ ██ ████ ███ ██ ████ ███ ██ ████ ███ ██ ████ ███ ██ ████ ███ ██ ████ ███ ██ ████ ███ ██ ████ ███ ██ ████ ███ ██ ████ ███ ██ ████ ███ ██ ████ ███ ██ ████ ███ ██ ████ ███ ██ ████ ███ ██ ████ ███ ██ ████ ███ ██ ████ ███ ██ ████ ███ ██ ████ ███ ██ ████ ███ ██ ████ ███ ██ ████ ███ ██ ████ ███ ██ ████ ███ ██ ████ ███ ██ ████ ███ ██ ████ ███ ██ ████ ███ ██ ████ ███ ██ ████ ███ ██ ████ ███ ██ ████ ███ ██ ████ ███ ██ ████ ███ ██ ████ ███ ██ ████ ███ ██ ████ ███ ██ ████ ███ ██ ████ ███ ██ ████ ███ ██ ████ ███ ██ ████ ███ ██ ████ ███ ██ ████ ███ ██ ████ ███ ██ ████ ███ ██ ████ ███ ██ ████ ███ ██ ████ ███ ██ ████ ███ ██ ████ ███ ██ ████ ███ ██ ████ ███ ██ ████ ███ ██ ████ ███ ██ ████ ███ ██ ████ ███ ██ ████ ███ ██ ████ ███ ██ ████ ███ ██ ████ ███ ██ ████ ███ ██ ████ ███ ██ ████ ███ ██ ████ ███ ██ ████
